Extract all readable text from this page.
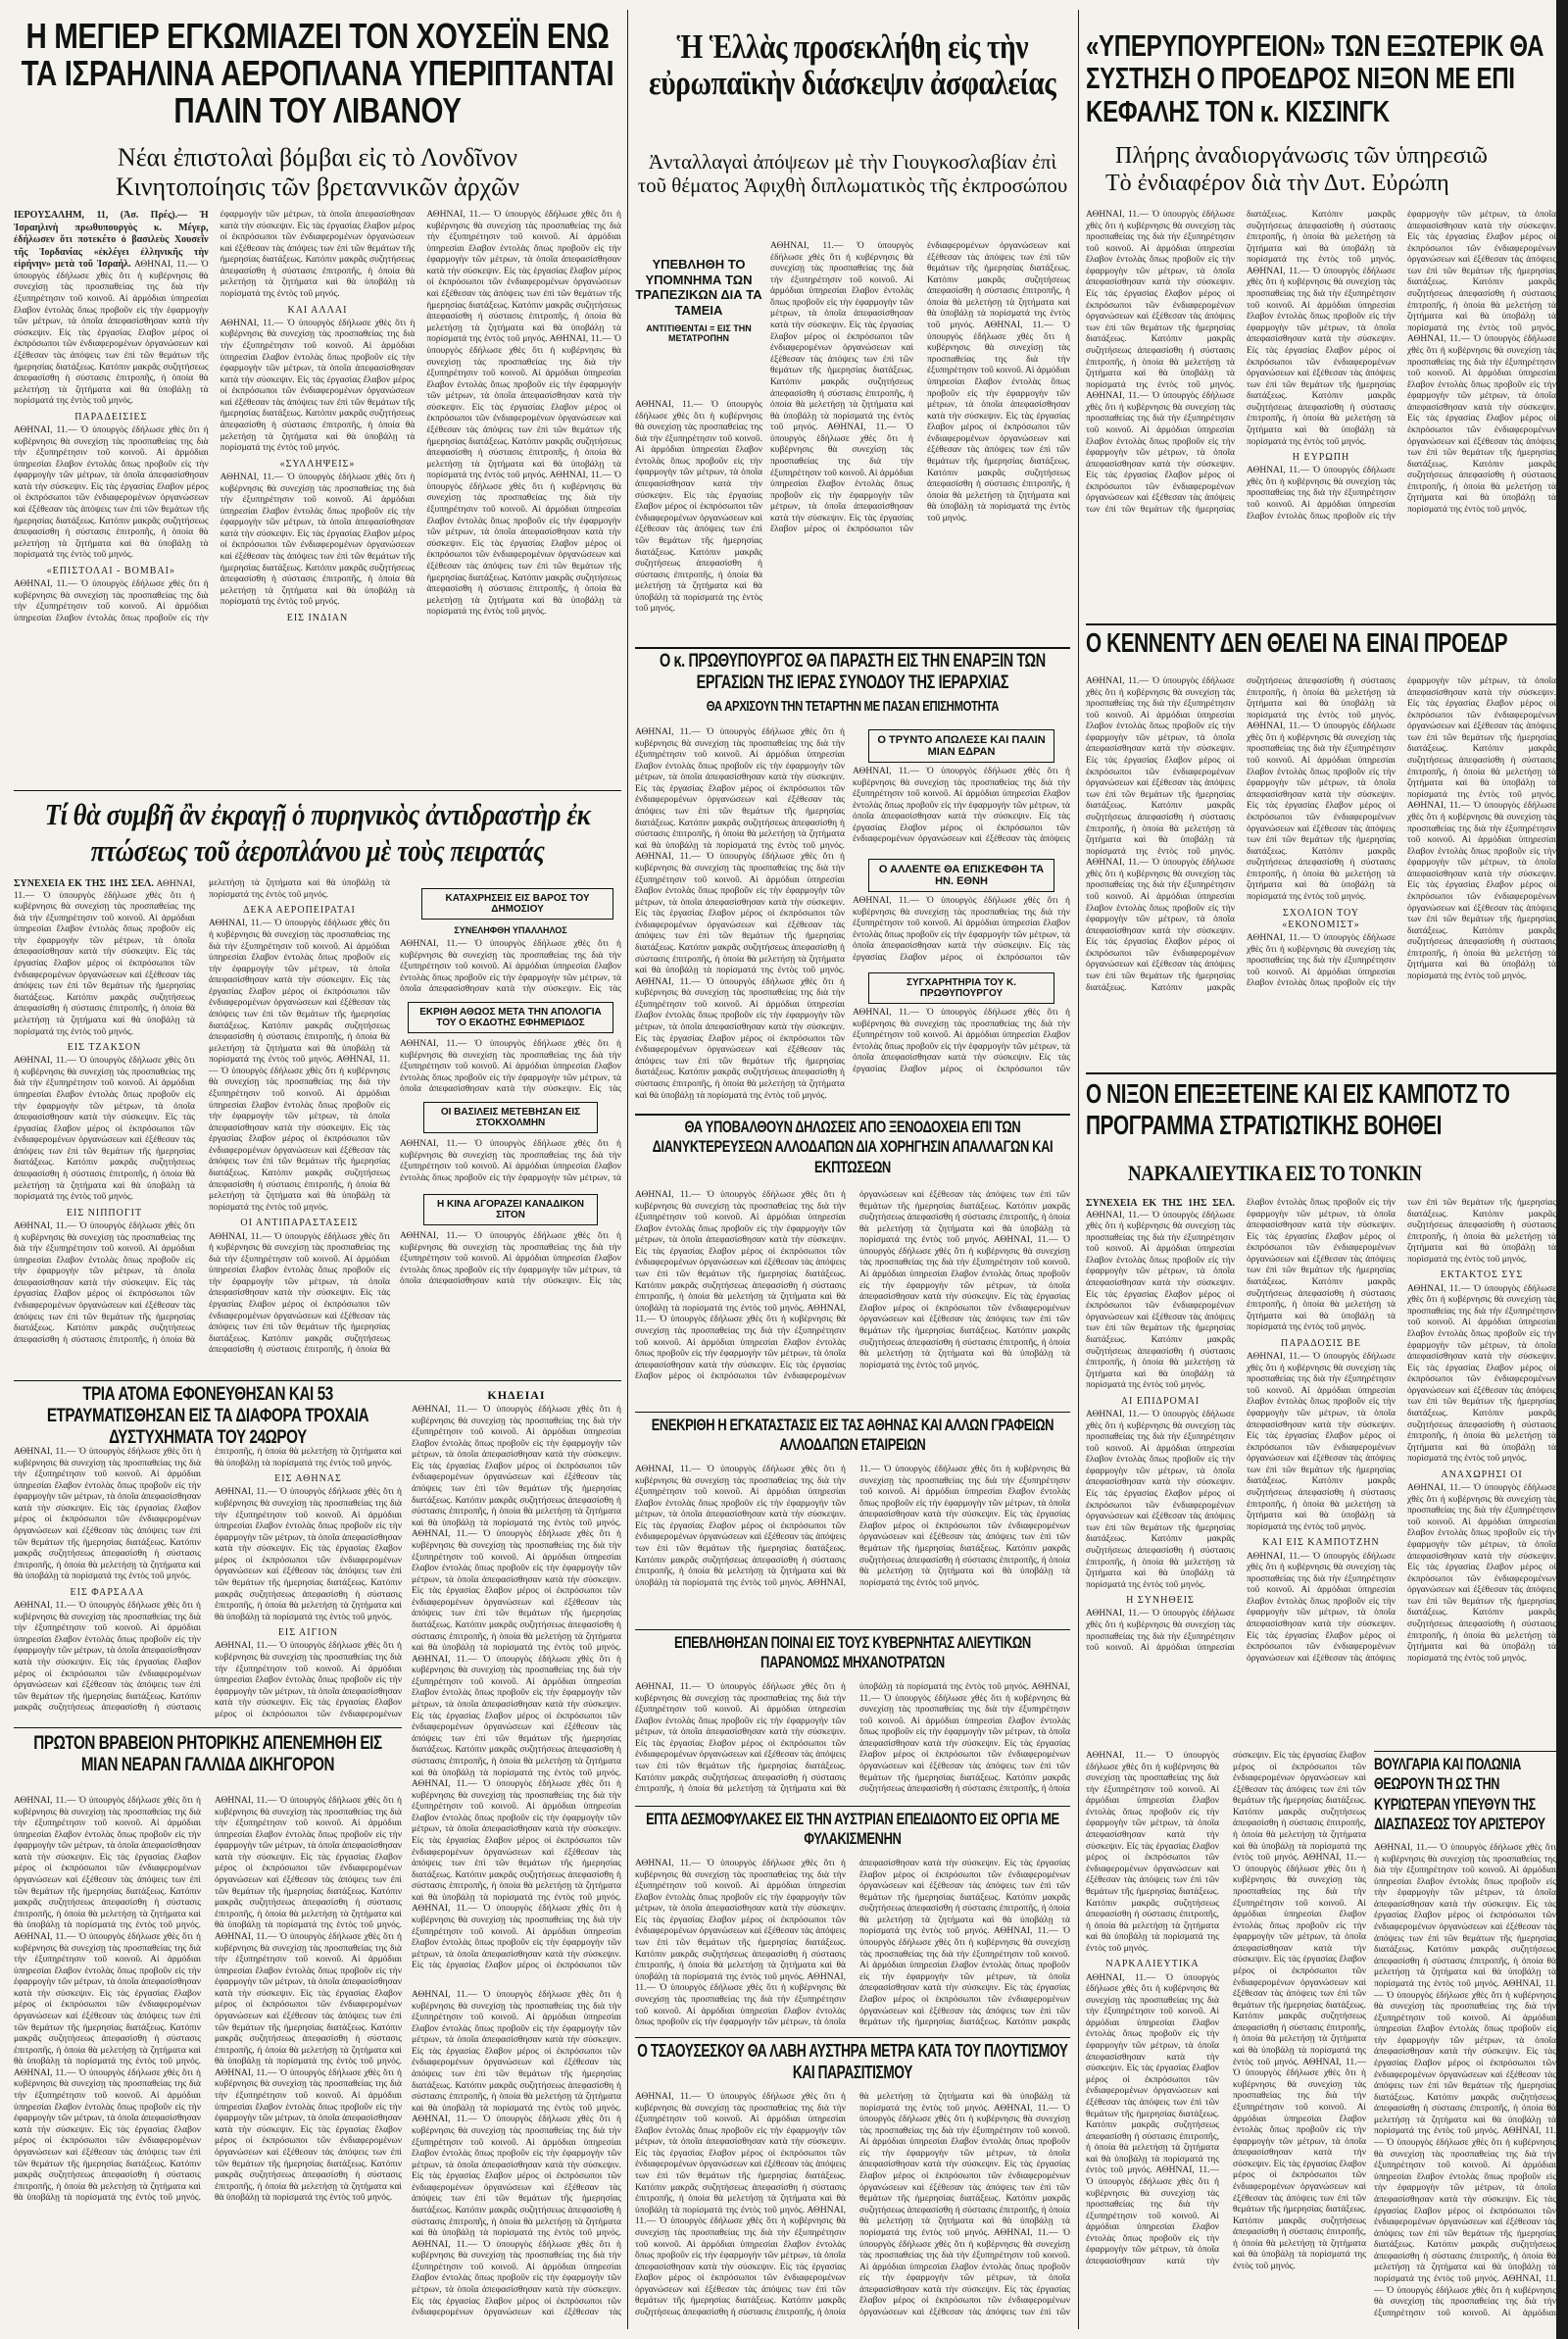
Η ΜΕΓΙΕΡ ΕΓΚΩΜΙΑΖΕΙ ΤΟΝ ΧΟΥΣΕΪΝ ΕΝΩ ΤΑ ΙΣΡΑΗΛΙΝΑ ΑΕΡΟΠΛΑΝΑ ΥΠΕΡΙΠΤΑΝΤΑΙ ΠΑΛΙΝ ΤΟΥ ΛΙΒΑΝΟΥ
Νέαι ἐπιστολαὶ βόμβαι εἰς τὸ Λονδῖνον
Κινητοποίησις τῶν βρεταννικῶν ἀρχῶν
ΙΕΡΟΥΣΑΛΗΜ, 11, (Ἀσ. Πρές).— Ἡ Ἰσραηλινὴ πρωθυπουργὸς κ. Μέγερ, ἐδήλωσεν ὅτι ποτεκέτο ὁ βασιλεὺς Χουσεῒν τῆς Ἰορδανίας «ἐκλέγει ἐλληνικῆς τὴν εἰρήνην» μετὰ τοῦ Ἰσραήλ. ΑΘΗΝΑΙ, 11.— Ὁ ὑπουργὸς ἐδήλωσε χθὲς ὅτι ἡ κυβέρνησις θὰ συνεχίσῃ τὰς προσπαθείας της διὰ τὴν ἐξυπηρέτησιν τοῦ κοινοῦ. Αἱ ἀρμόδιαι ὑπηρεσίαι ἔλαβον ἐντολὰς ὅπως προβοῦν εἰς τὴν ἐφαρμογὴν τῶν μέτρων, τὰ ὁποῖα ἀπεφασίσθησαν κατὰ τὴν σύσκεψιν. Εἰς τὰς ἐργασίας ἔλαβον μέρος οἱ ἐκπρόσωποι τῶν ἐνδιαφερομένων ὀργανώσεων καὶ ἐξέθεσαν τὰς ἀπόψεις των ἐπὶ τῶν θεμάτων τῆς ἡμερησίας διατάξεως. Κατόπιν μακρᾶς συζητήσεως ἀπεφασίσθη ἡ σύστασις ἐπιτροπῆς, ἡ ὁποία θὰ μελετήσῃ τὰ ζητήματα καὶ θὰ ὑποβάλῃ τὰ πορίσματά της ἐντὸς τοῦ μηνός.
ΠΑΡΑΔΕΙΣΙΕΣ
ΑΘΗΝΑΙ, 11.— Ὁ ὑπουργὸς ἐδήλωσε χθὲς ὅτι ἡ κυβέρνησις θὰ συνεχίσῃ τὰς προσπαθείας της διὰ τὴν ἐξυπηρέτησιν τοῦ κοινοῦ. Αἱ ἀρμόδιαι ὑπηρεσίαι ἔλαβον ἐντολὰς ὅπως προβοῦν εἰς τὴν ἐφαρμογὴν τῶν μέτρων, τὰ ὁποῖα ἀπεφασίσθησαν κατὰ τὴν σύσκεψιν. Εἰς τὰς ἐργασίας ἔλαβον μέρος οἱ ἐκπρόσωποι τῶν ἐνδιαφερομένων ὀργανώσεων καὶ ἐξέθεσαν τὰς ἀπόψεις των ἐπὶ τῶν θεμάτων τῆς ἡμερησίας διατάξεως. Κατόπιν μακρᾶς συζητήσεως ἀπεφασίσθη ἡ σύστασις ἐπιτροπῆς, ἡ ὁποία θὰ μελετήσῃ τὰ ζητήματα καὶ θὰ ὑποβάλῃ τὰ πορίσματά της ἐντὸς τοῦ μηνός.
«ΕΠΙΣΤΟΛΑΙ - ΒΟΜΒΑΙ»
ΑΘΗΝΑΙ, 11.— Ὁ ὑπουργὸς ἐδήλωσε χθὲς ὅτι ἡ κυβέρνησις θὰ συνεχίσῃ τὰς προσπαθείας της διὰ τὴν ἐξυπηρέτησιν τοῦ κοινοῦ. Αἱ ἀρμόδιαι ὑπηρεσίαι ἔλαβον ἐντολὰς ὅπως προβοῦν εἰς τὴν ἐφαρμογὴν τῶν μέτρων, τὰ ὁποῖα ἀπεφασίσθησαν κατὰ τὴν σύσκεψιν. Εἰς τὰς ἐργασίας ἔλαβον μέρος οἱ ἐκπρόσωποι τῶν ἐνδιαφερομένων ὀργανώσεων καὶ ἐξέθεσαν τὰς ἀπόψεις των ἐπὶ τῶν θεμάτων τῆς ἡμερησίας διατάξεως. Κατόπιν μακρᾶς συζητήσεως ἀπεφασίσθη ἡ σύστασις ἐπιτροπῆς, ἡ ὁποία θὰ μελετήσῃ τὰ ζητήματα καὶ θὰ ὑποβάλῃ τὰ πορίσματά της ἐντὸς τοῦ μηνός.
ΚΑΙ ΑΛΛΑΙ
ΑΘΗΝΑΙ, 11.— Ὁ ὑπουργὸς ἐδήλωσε χθὲς ὅτι ἡ κυβέρνησις θὰ συνεχίσῃ τὰς προσπαθείας της διὰ τὴν ἐξυπηρέτησιν τοῦ κοινοῦ. Αἱ ἀρμόδιαι ὑπηρεσίαι ἔλαβον ἐντολὰς ὅπως προβοῦν εἰς τὴν ἐφαρμογὴν τῶν μέτρων, τὰ ὁποῖα ἀπεφασίσθησαν κατὰ τὴν σύσκεψιν. Εἰς τὰς ἐργασίας ἔλαβον μέρος οἱ ἐκπρόσωποι τῶν ἐνδιαφερομένων ὀργανώσεων καὶ ἐξέθεσαν τὰς ἀπόψεις των ἐπὶ τῶν θεμάτων τῆς ἡμερησίας διατάξεως. Κατόπιν μακρᾶς συζητήσεως ἀπεφασίσθη ἡ σύστασις ἐπιτροπῆς, ἡ ὁποία θὰ μελετήσῃ τὰ ζητήματα καὶ θὰ ὑποβάλῃ τὰ πορίσματά της ἐντὸς τοῦ μηνός.
«ΣΥΛΛΗΨΕΙΣ»
ΑΘΗΝΑΙ, 11.— Ὁ ὑπουργὸς ἐδήλωσε χθὲς ὅτι ἡ κυβέρνησις θὰ συνεχίσῃ τὰς προσπαθείας της διὰ τὴν ἐξυπηρέτησιν τοῦ κοινοῦ. Αἱ ἀρμόδιαι ὑπηρεσίαι ἔλαβον ἐντολὰς ὅπως προβοῦν εἰς τὴν ἐφαρμογὴν τῶν μέτρων, τὰ ὁποῖα ἀπεφασίσθησαν κατὰ τὴν σύσκεψιν. Εἰς τὰς ἐργασίας ἔλαβον μέρος οἱ ἐκπρόσωποι τῶν ἐνδιαφερομένων ὀργανώσεων καὶ ἐξέθεσαν τὰς ἀπόψεις των ἐπὶ τῶν θεμάτων τῆς ἡμερησίας διατάξεως. Κατόπιν μακρᾶς συζητήσεως ἀπεφασίσθη ἡ σύστασις ἐπιτροπῆς, ἡ ὁποία θὰ μελετήσῃ τὰ ζητήματα καὶ θὰ ὑποβάλῃ τὰ πορίσματά της ἐντὸς τοῦ μηνός.
ΕΙΣ ΙΝΔΙΑΝ
ΑΘΗΝΑΙ, 11.— Ὁ ὑπουργὸς ἐδήλωσε χθὲς ὅτι ἡ κυβέρνησις θὰ συνεχίσῃ τὰς προσπαθείας της διὰ τὴν ἐξυπηρέτησιν τοῦ κοινοῦ. Αἱ ἀρμόδιαι ὑπηρεσίαι ἔλαβον ἐντολὰς ὅπως προβοῦν εἰς τὴν ἐφαρμογὴν τῶν μέτρων, τὰ ὁποῖα ἀπεφασίσθησαν κατὰ τὴν σύσκεψιν. Εἰς τὰς ἐργασίας ἔλαβον μέρος οἱ ἐκπρόσωποι τῶν ἐνδιαφερομένων ὀργανώσεων καὶ ἐξέθεσαν τὰς ἀπόψεις των ἐπὶ τῶν θεμάτων τῆς ἡμερησίας διατάξεως. Κατόπιν μακρᾶς συζητήσεως ἀπεφασίσθη ἡ σύστασις ἐπιτροπῆς, ἡ ὁποία θὰ μελετήσῃ τὰ ζητήματα καὶ θὰ ὑποβάλῃ τὰ πορίσματά της ἐντὸς τοῦ μηνός. ΑΘΗΝΑΙ, 11.— Ὁ ὑπουργὸς ἐδήλωσε χθὲς ὅτι ἡ κυβέρνησις θὰ συνεχίσῃ τὰς προσπαθείας της διὰ τὴν ἐξυπηρέτησιν τοῦ κοινοῦ. Αἱ ἀρμόδιαι ὑπηρεσίαι ἔλαβον ἐντολὰς ὅπως προβοῦν εἰς τὴν ἐφαρμογὴν τῶν μέτρων, τὰ ὁποῖα ἀπεφασίσθησαν κατὰ τὴν σύσκεψιν. Εἰς τὰς ἐργασίας ἔλαβον μέρος οἱ ἐκπρόσωποι τῶν ἐνδιαφερομένων ὀργανώσεων καὶ ἐξέθεσαν τὰς ἀπόψεις των ἐπὶ τῶν θεμάτων τῆς ἡμερησίας διατάξεως. Κατόπιν μακρᾶς συζητήσεως ἀπεφασίσθη ἡ σύστασις ἐπιτροπῆς, ἡ ὁποία θὰ μελετήσῃ τὰ ζητήματα καὶ θὰ ὑποβάλῃ τὰ πορίσματά της ἐντὸς τοῦ μηνός. ΑΘΗΝΑΙ, 11.— Ὁ ὑπουργὸς ἐδήλωσε χθὲς ὅτι ἡ κυβέρνησις θὰ συνεχίσῃ τὰς προσπαθείας της διὰ τὴν ἐξυπηρέτησιν τοῦ κοινοῦ. Αἱ ἀρμόδιαι ὑπηρεσίαι ἔλαβον ἐντολὰς ὅπως προβοῦν εἰς τὴν ἐφαρμογὴν τῶν μέτρων, τὰ ὁποῖα ἀπεφασίσθησαν κατὰ τὴν σύσκεψιν. Εἰς τὰς ἐργασίας ἔλαβον μέρος οἱ ἐκπρόσωποι τῶν ἐνδιαφερομένων ὀργανώσεων καὶ ἐξέθεσαν τὰς ἀπόψεις των ἐπὶ τῶν θεμάτων τῆς ἡμερησίας διατάξεως. Κατόπιν μακρᾶς συζητήσεως ἀπεφασίσθη ἡ σύστασις ἐπιτροπῆς, ἡ ὁποία θὰ μελετήσῃ τὰ ζητήματα καὶ θὰ ὑποβάλῃ τὰ πορίσματά της ἐντὸς τοῦ μηνός.
Τί θὰ συμβῆ ἂν ἐκραγῇ ὁ πυρηνικὸς ἀντιδραστὴρ ἐκ πτώσεως τοῦ ἀεροπλάνου μὲ τοὺς πειρατάς
ΣΥΝΕΧΕΙΑ ΕΚ ΤΗΣ 1ΗΣ ΣΕΛ. ΑΘΗΝΑΙ, 11.— Ὁ ὑπουργὸς ἐδήλωσε χθὲς ὅτι ἡ κυβέρνησις θὰ συνεχίσῃ τὰς προσπαθείας της διὰ τὴν ἐξυπηρέτησιν τοῦ κοινοῦ. Αἱ ἀρμόδιαι ὑπηρεσίαι ἔλαβον ἐντολὰς ὅπως προβοῦν εἰς τὴν ἐφαρμογὴν τῶν μέτρων, τὰ ὁποῖα ἀπεφασίσθησαν κατὰ τὴν σύσκεψιν. Εἰς τὰς ἐργασίας ἔλαβον μέρος οἱ ἐκπρόσωποι τῶν ἐνδιαφερομένων ὀργανώσεων καὶ ἐξέθεσαν τὰς ἀπόψεις των ἐπὶ τῶν θεμάτων τῆς ἡμερησίας διατάξεως. Κατόπιν μακρᾶς συζητήσεως ἀπεφασίσθη ἡ σύστασις ἐπιτροπῆς, ἡ ὁποία θὰ μελετήσῃ τὰ ζητήματα καὶ θὰ ὑποβάλῃ τὰ πορίσματά της ἐντὸς τοῦ μηνός.
ΕΙΣ ΤΖΑΚΣΟΝ
ΑΘΗΝΑΙ, 11.— Ὁ ὑπουργὸς ἐδήλωσε χθὲς ὅτι ἡ κυβέρνησις θὰ συνεχίσῃ τὰς προσπαθείας της διὰ τὴν ἐξυπηρέτησιν τοῦ κοινοῦ. Αἱ ἀρμόδιαι ὑπηρεσίαι ἔλαβον ἐντολὰς ὅπως προβοῦν εἰς τὴν ἐφαρμογὴν τῶν μέτρων, τὰ ὁποῖα ἀπεφασίσθησαν κατὰ τὴν σύσκεψιν. Εἰς τὰς ἐργασίας ἔλαβον μέρος οἱ ἐκπρόσωποι τῶν ἐνδιαφερομένων ὀργανώσεων καὶ ἐξέθεσαν τὰς ἀπόψεις των ἐπὶ τῶν θεμάτων τῆς ἡμερησίας διατάξεως. Κατόπιν μακρᾶς συζητήσεως ἀπεφασίσθη ἡ σύστασις ἐπιτροπῆς, ἡ ὁποία θὰ μελετήσῃ τὰ ζητήματα καὶ θὰ ὑποβάλῃ τὰ πορίσματά της ἐντὸς τοῦ μηνός.
ΕΙΣ ΝΙΠΠΟΓΙΤ
ΑΘΗΝΑΙ, 11.— Ὁ ὑπουργὸς ἐδήλωσε χθὲς ὅτι ἡ κυβέρνησις θὰ συνεχίσῃ τὰς προσπαθείας της διὰ τὴν ἐξυπηρέτησιν τοῦ κοινοῦ. Αἱ ἀρμόδιαι ὑπηρεσίαι ἔλαβον ἐντολὰς ὅπως προβοῦν εἰς τὴν ἐφαρμογὴν τῶν μέτρων, τὰ ὁποῖα ἀπεφασίσθησαν κατὰ τὴν σύσκεψιν. Εἰς τὰς ἐργασίας ἔλαβον μέρος οἱ ἐκπρόσωποι τῶν ἐνδιαφερομένων ὀργανώσεων καὶ ἐξέθεσαν τὰς ἀπόψεις των ἐπὶ τῶν θεμάτων τῆς ἡμερησίας διατάξεως. Κατόπιν μακρᾶς συζητήσεως ἀπεφασίσθη ἡ σύστασις ἐπιτροπῆς, ἡ ὁποία θὰ μελετήσῃ τὰ ζητήματα καὶ θὰ ὑποβάλῃ τὰ πορίσματά της ἐντὸς τοῦ μηνός.
ΔΕΚΑ ΑΕΡΟΠΕΙΡΑΤΑΙ
ΑΘΗΝΑΙ, 11.— Ὁ ὑπουργὸς ἐδήλωσε χθὲς ὅτι ἡ κυβέρνησις θὰ συνεχίσῃ τὰς προσπαθείας της διὰ τὴν ἐξυπηρέτησιν τοῦ κοινοῦ. Αἱ ἀρμόδιαι ὑπηρεσίαι ἔλαβον ἐντολὰς ὅπως προβοῦν εἰς τὴν ἐφαρμογὴν τῶν μέτρων, τὰ ὁποῖα ἀπεφασίσθησαν κατὰ τὴν σύσκεψιν. Εἰς τὰς ἐργασίας ἔλαβον μέρος οἱ ἐκπρόσωποι τῶν ἐνδιαφερομένων ὀργανώσεων καὶ ἐξέθεσαν τὰς ἀπόψεις των ἐπὶ τῶν θεμάτων τῆς ἡμερησίας διατάξεως. Κατόπιν μακρᾶς συζητήσεως ἀπεφασίσθη ἡ σύστασις ἐπιτροπῆς, ἡ ὁποία θὰ μελετήσῃ τὰ ζητήματα καὶ θὰ ὑποβάλῃ τὰ πορίσματά της ἐντὸς τοῦ μηνός. ΑΘΗΝΑΙ, 11.— Ὁ ὑπουργὸς ἐδήλωσε χθὲς ὅτι ἡ κυβέρνησις θὰ συνεχίσῃ τὰς προσπαθείας της διὰ τὴν ἐξυπηρέτησιν τοῦ κοινοῦ. Αἱ ἀρμόδιαι ὑπηρεσίαι ἔλαβον ἐντολὰς ὅπως προβοῦν εἰς τὴν ἐφαρμογὴν τῶν μέτρων, τὰ ὁποῖα ἀπεφασίσθησαν κατὰ τὴν σύσκεψιν. Εἰς τὰς ἐργασίας ἔλαβον μέρος οἱ ἐκπρόσωποι τῶν ἐνδιαφερομένων ὀργανώσεων καὶ ἐξέθεσαν τὰς ἀπόψεις των ἐπὶ τῶν θεμάτων τῆς ἡμερησίας διατάξεως. Κατόπιν μακρᾶς συζητήσεως ἀπεφασίσθη ἡ σύστασις ἐπιτροπῆς, ἡ ὁποία θὰ μελετήσῃ τὰ ζητήματα καὶ θὰ ὑποβάλῃ τὰ πορίσματά της ἐντὸς τοῦ μηνός.
ΟΙ ΑΝΤΙΠΑΡΑΣΤΑΣΕΙΣ
ΑΘΗΝΑΙ, 11.— Ὁ ὑπουργὸς ἐδήλωσε χθὲς ὅτι ἡ κυβέρνησις θὰ συνεχίσῃ τὰς προσπαθείας της διὰ τὴν ἐξυπηρέτησιν τοῦ κοινοῦ. Αἱ ἀρμόδιαι ὑπηρεσίαι ἔλαβον ἐντολὰς ὅπως προβοῦν εἰς τὴν ἐφαρμογὴν τῶν μέτρων, τὰ ὁποῖα ἀπεφασίσθησαν κατὰ τὴν σύσκεψιν. Εἰς τὰς ἐργασίας ἔλαβον μέρος οἱ ἐκπρόσωποι τῶν ἐνδιαφερομένων ὀργανώσεων καὶ ἐξέθεσαν τὰς ἀπόψεις των ἐπὶ τῶν θεμάτων τῆς ἡμερησίας διατάξεως. Κατόπιν μακρᾶς συζητήσεως ἀπεφασίσθη ἡ σύστασις ἐπιτροπῆς, ἡ ὁποία θὰ
ΚΑΤΑΧΡΗΣΕΙΣ ΕΙΣ ΒΑΡΟΣ ΤΟΥ ΔΗΜΟΣΙΟΥ
ΣΥΝΕΛΗΦΘΗ ΥΠΑΛΛΗΛΟΣ
ΑΘΗΝΑΙ, 11.— Ὁ ὑπουργὸς ἐδήλωσε χθὲς ὅτι ἡ κυβέρνησις θὰ συνεχίσῃ τὰς προσπαθείας της διὰ τὴν ἐξυπηρέτησιν τοῦ κοινοῦ. Αἱ ἀρμόδιαι ὑπηρεσίαι ἔλαβον ἐντολὰς ὅπως προβοῦν εἰς τὴν ἐφαρμογὴν τῶν μέτρων, τὰ ὁποῖα ἀπεφασίσθησαν κατὰ τὴν σύσκεψιν. Εἰς τὰς
ΕΚΡΙΘΗ ΑΘΩΟΣ ΜΕΤΑ ΤΗΝ ΑΠΟΛΟΓΙΑ ΤΟΥ Ο ΕΚΔΟΤΗΣ ΕΦΗΜΕΡΙΔΟΣ
ΑΘΗΝΑΙ, 11.— Ὁ ὑπουργὸς ἐδήλωσε χθὲς ὅτι ἡ κυβέρνησις θὰ συνεχίσῃ τὰς προσπαθείας της διὰ τὴν ἐξυπηρέτησιν τοῦ κοινοῦ. Αἱ ἀρμόδιαι ὑπηρεσίαι ἔλαβον ἐντολὰς ὅπως προβοῦν εἰς τὴν ἐφαρμογὴν τῶν μέτρων, τὰ ὁποῖα ἀπεφασίσθησαν κατὰ τὴν σύσκεψιν. Εἰς τὰς
ΟΙ ΒΑΣΙΛΕΙΣ ΜΕΤΕΒΗΣΑΝ ΕΙΣ ΣΤΟΚΧΟΛΜΗΝ
ΑΘΗΝΑΙ, 11.— Ὁ ὑπουργὸς ἐδήλωσε χθὲς ὅτι ἡ κυβέρνησις θὰ συνεχίσῃ τὰς προσπαθείας της διὰ τὴν ἐξυπηρέτησιν τοῦ κοινοῦ. Αἱ ἀρμόδιαι ὑπηρεσίαι ἔλαβον ἐντολὰς ὅπως προβοῦν εἰς τὴν ἐφαρμογὴν τῶν μέτρων, τὰ
Η ΚΙΝΑ ΑΓΟΡΑΖΕΙ ΚΑΝΑΔΙΚΟΝ ΣΙΤΟΝ
ΑΘΗΝΑΙ, 11.— Ὁ ὑπουργὸς ἐδήλωσε χθὲς ὅτι ἡ κυβέρνησις θὰ συνεχίσῃ τὰς προσπαθείας της διὰ τὴν ἐξυπηρέτησιν τοῦ κοινοῦ. Αἱ ἀρμόδιαι ὑπηρεσίαι ἔλαβον ἐντολὰς ὅπως προβοῦν εἰς τὴν ἐφαρμογὴν τῶν μέτρων, τὰ ὁποῖα ἀπεφασίσθησαν κατὰ τὴν σύσκεψιν. Εἰς τὰς
ΤΡΙΑ ΑΤΟΜΑ ΕΦΟΝΕΥΘΗΣΑΝ ΚΑΙ 53 ΕΤΡΑΥΜΑΤΙΣΘΗΣΑΝ ΕΙΣ ΤΑ ΔΙΑΦΟΡΑ ΤΡΟΧΑΙΑ ΔΥΣΤΥΧΗΜΑΤΑ ΤΟΥ 24ΩΡΟΥ
ΑΘΗΝΑΙ, 11.— Ὁ ὑπουργὸς ἐδήλωσε χθὲς ὅτι ἡ κυβέρνησις θὰ συνεχίσῃ τὰς προσπαθείας της διὰ τὴν ἐξυπηρέτησιν τοῦ κοινοῦ. Αἱ ἀρμόδιαι ὑπηρεσίαι ἔλαβον ἐντολὰς ὅπως προβοῦν εἰς τὴν ἐφαρμογὴν τῶν μέτρων, τὰ ὁποῖα ἀπεφασίσθησαν κατὰ τὴν σύσκεψιν. Εἰς τὰς ἐργασίας ἔλαβον μέρος οἱ ἐκπρόσωποι τῶν ἐνδιαφερομένων ὀργανώσεων καὶ ἐξέθεσαν τὰς ἀπόψεις των ἐπὶ τῶν θεμάτων τῆς ἡμερησίας διατάξεως. Κατόπιν μακρᾶς συζητήσεως ἀπεφασίσθη ἡ σύστασις ἐπιτροπῆς, ἡ ὁποία θὰ μελετήσῃ τὰ ζητήματα καὶ θὰ ὑποβάλῃ τὰ πορίσματά της ἐντὸς τοῦ μηνός.
ΕΙΣ ΦΑΡΣΑΛΑ
ΑΘΗΝΑΙ, 11.— Ὁ ὑπουργὸς ἐδήλωσε χθὲς ὅτι ἡ κυβέρνησις θὰ συνεχίσῃ τὰς προσπαθείας της διὰ τὴν ἐξυπηρέτησιν τοῦ κοινοῦ. Αἱ ἀρμόδιαι ὑπηρεσίαι ἔλαβον ἐντολὰς ὅπως προβοῦν εἰς τὴν ἐφαρμογὴν τῶν μέτρων, τὰ ὁποῖα ἀπεφασίσθησαν κατὰ τὴν σύσκεψιν. Εἰς τὰς ἐργασίας ἔλαβον μέρος οἱ ἐκπρόσωποι τῶν ἐνδιαφερομένων ὀργανώσεων καὶ ἐξέθεσαν τὰς ἀπόψεις των ἐπὶ τῶν θεμάτων τῆς ἡμερησίας διατάξεως. Κατόπιν μακρᾶς συζητήσεως ἀπεφασίσθη ἡ σύστασις ἐπιτροπῆς, ἡ ὁποία θὰ μελετήσῃ τὰ ζητήματα καὶ θὰ ὑποβάλῃ τὰ πορίσματά της ἐντὸς τοῦ μηνός.
ΕΙΣ ΑΘΗΝΑΣ
ΑΘΗΝΑΙ, 11.— Ὁ ὑπουργὸς ἐδήλωσε χθὲς ὅτι ἡ κυβέρνησις θὰ συνεχίσῃ τὰς προσπαθείας της διὰ τὴν ἐξυπηρέτησιν τοῦ κοινοῦ. Αἱ ἀρμόδιαι ὑπηρεσίαι ἔλαβον ἐντολὰς ὅπως προβοῦν εἰς τὴν ἐφαρμογὴν τῶν μέτρων, τὰ ὁποῖα ἀπεφασίσθησαν κατὰ τὴν σύσκεψιν. Εἰς τὰς ἐργασίας ἔλαβον μέρος οἱ ἐκπρόσωποι τῶν ἐνδιαφερομένων ὀργανώσεων καὶ ἐξέθεσαν τὰς ἀπόψεις των ἐπὶ τῶν θεμάτων τῆς ἡμερησίας διατάξεως. Κατόπιν μακρᾶς συζητήσεως ἀπεφασίσθη ἡ σύστασις ἐπιτροπῆς, ἡ ὁποία θὰ μελετήσῃ τὰ ζητήματα καὶ θὰ ὑποβάλῃ τὰ πορίσματά της ἐντὸς τοῦ μηνός.
ΕΙΣ ΑΙΓΙΟΝ
ΑΘΗΝΑΙ, 11.— Ὁ ὑπουργὸς ἐδήλωσε χθὲς ὅτι ἡ κυβέρνησις θὰ συνεχίσῃ τὰς προσπαθείας της διὰ τὴν ἐξυπηρέτησιν τοῦ κοινοῦ. Αἱ ἀρμόδιαι ὑπηρεσίαι ἔλαβον ἐντολὰς ὅπως προβοῦν εἰς τὴν ἐφαρμογὴν τῶν μέτρων, τὰ ὁποῖα ἀπεφασίσθησαν κατὰ τὴν σύσκεψιν. Εἰς τὰς ἐργασίας ἔλαβον μέρος οἱ ἐκπρόσωποι τῶν ἐνδιαφερομένων
ΚΗΔΕΙΑΙ
ΑΘΗΝΑΙ, 11.— Ὁ ὑπουργὸς ἐδήλωσε χθὲς ὅτι ἡ κυβέρνησις θὰ συνεχίσῃ τὰς προσπαθείας της διὰ τὴν ἐξυπηρέτησιν τοῦ κοινοῦ. Αἱ ἀρμόδιαι ὑπηρεσίαι ἔλαβον ἐντολὰς ὅπως προβοῦν εἰς τὴν ἐφαρμογὴν τῶν μέτρων, τὰ ὁποῖα ἀπεφασίσθησαν κατὰ τὴν σύσκεψιν. Εἰς τὰς ἐργασίας ἔλαβον μέρος οἱ ἐκπρόσωποι τῶν ἐνδιαφερομένων ὀργανώσεων καὶ ἐξέθεσαν τὰς ἀπόψεις των ἐπὶ τῶν θεμάτων τῆς ἡμερησίας διατάξεως. Κατόπιν μακρᾶς συζητήσεως ἀπεφασίσθη ἡ σύστασις ἐπιτροπῆς, ἡ ὁποία θὰ μελετήσῃ τὰ ζητήματα καὶ θὰ ὑποβάλῃ τὰ πορίσματά της ἐντὸς τοῦ μηνός. ΑΘΗΝΑΙ, 11.— Ὁ ὑπουργὸς ἐδήλωσε χθὲς ὅτι ἡ κυβέρνησις θὰ συνεχίσῃ τὰς προσπαθείας της διὰ τὴν ἐξυπηρέτησιν τοῦ κοινοῦ. Αἱ ἀρμόδιαι ὑπηρεσίαι ἔλαβον ἐντολὰς ὅπως προβοῦν εἰς τὴν ἐφαρμογὴν τῶν μέτρων, τὰ ὁποῖα ἀπεφασίσθησαν κατὰ τὴν σύσκεψιν. Εἰς τὰς ἐργασίας ἔλαβον μέρος οἱ ἐκπρόσωποι τῶν ἐνδιαφερομένων ὀργανώσεων καὶ ἐξέθεσαν τὰς ἀπόψεις των ἐπὶ τῶν θεμάτων τῆς ἡμερησίας διατάξεως. Κατόπιν μακρᾶς συζητήσεως ἀπεφασίσθη ἡ σύστασις ἐπιτροπῆς, ἡ ὁποία θὰ μελετήσῃ τὰ ζητήματα καὶ θὰ ὑποβάλῃ τὰ πορίσματά της ἐντὸς τοῦ μηνός. ΑΘΗΝΑΙ, 11.— Ὁ ὑπουργὸς ἐδήλωσε χθὲς ὅτι ἡ κυβέρνησις θὰ συνεχίσῃ τὰς προσπαθείας της διὰ τὴν ἐξυπηρέτησιν τοῦ κοινοῦ. Αἱ ἀρμόδιαι ὑπηρεσίαι ἔλαβον ἐντολὰς ὅπως προβοῦν εἰς τὴν ἐφαρμογὴν τῶν μέτρων, τὰ ὁποῖα ἀπεφασίσθησαν κατὰ τὴν σύσκεψιν. Εἰς τὰς ἐργασίας ἔλαβον μέρος οἱ ἐκπρόσωποι τῶν ἐνδιαφερομένων ὀργανώσεων καὶ ἐξέθεσαν τὰς ἀπόψεις των ἐπὶ τῶν θεμάτων τῆς ἡμερησίας διατάξεως. Κατόπιν μακρᾶς συζητήσεως ἀπεφασίσθη ἡ σύστασις ἐπιτροπῆς, ἡ ὁποία θὰ μελετήσῃ τὰ ζητήματα καὶ θὰ ὑποβάλῃ τὰ πορίσματά της ἐντὸς τοῦ μηνός. ΑΘΗΝΑΙ, 11.— Ὁ ὑπουργὸς ἐδήλωσε χθὲς ὅτι ἡ κυβέρνησις θὰ συνεχίσῃ τὰς προσπαθείας της διὰ τὴν ἐξυπηρέτησιν τοῦ κοινοῦ. Αἱ ἀρμόδιαι ὑπηρεσίαι ἔλαβον ἐντολὰς ὅπως προβοῦν εἰς τὴν ἐφαρμογὴν τῶν μέτρων, τὰ ὁποῖα ἀπεφασίσθησαν κατὰ τὴν σύσκεψιν. Εἰς τὰς ἐργασίας ἔλαβον μέρος οἱ ἐκπρόσωποι τῶν ἐνδιαφερομένων ὀργανώσεων καὶ ἐξέθεσαν τὰς ἀπόψεις των ἐπὶ τῶν θεμάτων τῆς ἡμερησίας διατάξεως. Κατόπιν μακρᾶς συζητήσεως ἀπεφασίσθη ἡ σύστασις ἐπιτροπῆς, ἡ ὁποία θὰ μελετήσῃ τὰ ζητήματα καὶ θὰ ὑποβάλῃ τὰ πορίσματά της ἐντὸς τοῦ μηνός. ΑΘΗΝΑΙ, 11.— Ὁ ὑπουργὸς ἐδήλωσε χθὲς ὅτι ἡ κυβέρνησις θὰ συνεχίσῃ τὰς προσπαθείας της διὰ τὴν ἐξυπηρέτησιν τοῦ κοινοῦ. Αἱ ἀρμόδιαι ὑπηρεσίαι ἔλαβον ἐντολὰς ὅπως προβοῦν εἰς τὴν ἐφαρμογὴν τῶν μέτρων, τὰ ὁποῖα ἀπεφασίσθησαν κατὰ τὴν σύσκεψιν. Εἰς τὰς ἐργασίας ἔλαβον μέρος οἱ ἐκπρόσωποι τῶν
ΠΡΩΤΟΝ ΒΡΑΒΕΙΟΝ ΡΗΤΟΡΙΚΗΣ ΑΠΕΝΕΜΗΘΗ ΕΙΣ ΜΙΑΝ ΝΕΑΡΑΝ ΓΑΛΛΙΔΑ ΔΙΚΗΓΟΡΟΝ
ΑΘΗΝΑΙ, 11.— Ὁ ὑπουργὸς ἐδήλωσε χθὲς ὅτι ἡ κυβέρνησις θὰ συνεχίσῃ τὰς προσπαθείας της διὰ τὴν ἐξυπηρέτησιν τοῦ κοινοῦ. Αἱ ἀρμόδιαι ὑπηρεσίαι ἔλαβον ἐντολὰς ὅπως προβοῦν εἰς τὴν ἐφαρμογὴν τῶν μέτρων, τὰ ὁποῖα ἀπεφασίσθησαν κατὰ τὴν σύσκεψιν. Εἰς τὰς ἐργασίας ἔλαβον μέρος οἱ ἐκπρόσωποι τῶν ἐνδιαφερομένων ὀργανώσεων καὶ ἐξέθεσαν τὰς ἀπόψεις των ἐπὶ τῶν θεμάτων τῆς ἡμερησίας διατάξεως. Κατόπιν μακρᾶς συζητήσεως ἀπεφασίσθη ἡ σύστασις ἐπιτροπῆς, ἡ ὁποία θὰ μελετήσῃ τὰ ζητήματα καὶ θὰ ὑποβάλῃ τὰ πορίσματά της ἐντὸς τοῦ μηνός. ΑΘΗΝΑΙ, 11.— Ὁ ὑπουργὸς ἐδήλωσε χθὲς ὅτι ἡ κυβέρνησις θὰ συνεχίσῃ τὰς προσπαθείας της διὰ τὴν ἐξυπηρέτησιν τοῦ κοινοῦ. Αἱ ἀρμόδιαι ὑπηρεσίαι ἔλαβον ἐντολὰς ὅπως προβοῦν εἰς τὴν ἐφαρμογὴν τῶν μέτρων, τὰ ὁποῖα ἀπεφασίσθησαν κατὰ τὴν σύσκεψιν. Εἰς τὰς ἐργασίας ἔλαβον μέρος οἱ ἐκπρόσωποι τῶν ἐνδιαφερομένων ὀργανώσεων καὶ ἐξέθεσαν τὰς ἀπόψεις των ἐπὶ τῶν θεμάτων τῆς ἡμερησίας διατάξεως. Κατόπιν μακρᾶς συζητήσεως ἀπεφασίσθη ἡ σύστασις ἐπιτροπῆς, ἡ ὁποία θὰ μελετήσῃ τὰ ζητήματα καὶ θὰ ὑποβάλῃ τὰ πορίσματά της ἐντὸς τοῦ μηνός. ΑΘΗΝΑΙ, 11.— Ὁ ὑπουργὸς ἐδήλωσε χθὲς ὅτι ἡ κυβέρνησις θὰ συνεχίσῃ τὰς προσπαθείας της διὰ τὴν ἐξυπηρέτησιν τοῦ κοινοῦ. Αἱ ἀρμόδιαι ὑπηρεσίαι ἔλαβον ἐντολὰς ὅπως προβοῦν εἰς τὴν ἐφαρμογὴν τῶν μέτρων, τὰ ὁποῖα ἀπεφασίσθησαν κατὰ τὴν σύσκεψιν. Εἰς τὰς ἐργασίας ἔλαβον μέρος οἱ ἐκπρόσωποι τῶν ἐνδιαφερομένων ὀργανώσεων καὶ ἐξέθεσαν τὰς ἀπόψεις των ἐπὶ τῶν θεμάτων τῆς ἡμερησίας διατάξεως. Κατόπιν μακρᾶς συζητήσεως ἀπεφασίσθη ἡ σύστασις ἐπιτροπῆς, ἡ ὁποία θὰ μελετήσῃ τὰ ζητήματα καὶ θὰ ὑποβάλῃ τὰ πορίσματά της ἐντὸς τοῦ μηνός. ΑΘΗΝΑΙ, 11.— Ὁ ὑπουργὸς ἐδήλωσε χθὲς ὅτι ἡ κυβέρνησις θὰ συνεχίσῃ τὰς προσπαθείας της διὰ τὴν ἐξυπηρέτησιν τοῦ κοινοῦ. Αἱ ἀρμόδιαι ὑπηρεσίαι ἔλαβον ἐντολὰς ὅπως προβοῦν εἰς τὴν ἐφαρμογὴν τῶν μέτρων, τὰ ὁποῖα ἀπεφασίσθησαν κατὰ τὴν σύσκεψιν. Εἰς τὰς ἐργασίας ἔλαβον μέρος οἱ ἐκπρόσωποι τῶν ἐνδιαφερομένων ὀργανώσεων καὶ ἐξέθεσαν τὰς ἀπόψεις των ἐπὶ τῶν θεμάτων τῆς ἡμερησίας διατάξεως. Κατόπιν μακρᾶς συζητήσεως ἀπεφασίσθη ἡ σύστασις ἐπιτροπῆς, ἡ ὁποία θὰ μελετήσῃ τὰ ζητήματα καὶ θὰ ὑποβάλῃ τὰ πορίσματά της ἐντὸς τοῦ μηνός. ΑΘΗΝΑΙ, 11.— Ὁ ὑπουργὸς ἐδήλωσε χθὲς ὅτι ἡ κυβέρνησις θὰ συνεχίσῃ τὰς προσπαθείας της διὰ τὴν ἐξυπηρέτησιν τοῦ κοινοῦ. Αἱ ἀρμόδιαι ὑπηρεσίαι ἔλαβον ἐντολὰς ὅπως προβοῦν εἰς τὴν ἐφαρμογὴν τῶν μέτρων, τὰ ὁποῖα ἀπεφασίσθησαν κατὰ τὴν σύσκεψιν. Εἰς τὰς ἐργασίας ἔλαβον μέρος οἱ ἐκπρόσωποι τῶν ἐνδιαφερομένων ὀργανώσεων καὶ ἐξέθεσαν τὰς ἀπόψεις των ἐπὶ τῶν θεμάτων τῆς ἡμερησίας διατάξεως. Κατόπιν μακρᾶς συζητήσεως ἀπεφασίσθη ἡ σύστασις ἐπιτροπῆς, ἡ ὁποία θὰ μελετήσῃ τὰ ζητήματα καὶ θὰ ὑποβάλῃ τὰ πορίσματά της ἐντὸς τοῦ μηνός. ΑΘΗΝΑΙ, 11.— Ὁ ὑπουργὸς ἐδήλωσε χθὲς ὅτι ἡ κυβέρνησις θὰ συνεχίσῃ τὰς προσπαθείας της διὰ τὴν ἐξυπηρέτησιν τοῦ κοινοῦ. Αἱ ἀρμόδιαι ὑπηρεσίαι ἔλαβον ἐντολὰς ὅπως προβοῦν εἰς τὴν ἐφαρμογὴν τῶν μέτρων, τὰ ὁποῖα ἀπεφασίσθησαν κατὰ τὴν σύσκεψιν. Εἰς τὰς ἐργασίας ἔλαβον μέρος οἱ ἐκπρόσωποι τῶν ἐνδιαφερομένων ὀργανώσεων καὶ ἐξέθεσαν τὰς ἀπόψεις των ἐπὶ τῶν θεμάτων τῆς ἡμερησίας διατάξεως. Κατόπιν μακρᾶς συζητήσεως ἀπεφασίσθη ἡ σύστασις ἐπιτροπῆς, ἡ ὁποία θὰ μελετήσῃ τὰ ζητήματα καὶ θὰ ὑποβάλῃ τὰ πορίσματά της ἐντὸς τοῦ μηνός.
ΑΘΗΝΑΙ, 11.— Ὁ ὑπουργὸς ἐδήλωσε χθὲς ὅτι ἡ κυβέρνησις θὰ συνεχίσῃ τὰς προσπαθείας της διὰ τὴν ἐξυπηρέτησιν τοῦ κοινοῦ. Αἱ ἀρμόδιαι ὑπηρεσίαι ἔλαβον ἐντολὰς ὅπως προβοῦν εἰς τὴν ἐφαρμογὴν τῶν μέτρων, τὰ ὁποῖα ἀπεφασίσθησαν κατὰ τὴν σύσκεψιν. Εἰς τὰς ἐργασίας ἔλαβον μέρος οἱ ἐκπρόσωποι τῶν ἐνδιαφερομένων ὀργανώσεων καὶ ἐξέθεσαν τὰς ἀπόψεις των ἐπὶ τῶν θεμάτων τῆς ἡμερησίας διατάξεως. Κατόπιν μακρᾶς συζητήσεως ἀπεφασίσθη ἡ σύστασις ἐπιτροπῆς, ἡ ὁποία θὰ μελετήσῃ τὰ ζητήματα καὶ θὰ ὑποβάλῃ τὰ πορίσματά της ἐντὸς τοῦ μηνός. ΑΘΗΝΑΙ, 11.— Ὁ ὑπουργὸς ἐδήλωσε χθὲς ὅτι ἡ κυβέρνησις θὰ συνεχίσῃ τὰς προσπαθείας της διὰ τὴν ἐξυπηρέτησιν τοῦ κοινοῦ. Αἱ ἀρμόδιαι ὑπηρεσίαι ἔλαβον ἐντολὰς ὅπως προβοῦν εἰς τὴν ἐφαρμογὴν τῶν μέτρων, τὰ ὁποῖα ἀπεφασίσθησαν κατὰ τὴν σύσκεψιν. Εἰς τὰς ἐργασίας ἔλαβον μέρος οἱ ἐκπρόσωποι τῶν ἐνδιαφερομένων ὀργανώσεων καὶ ἐξέθεσαν τὰς ἀπόψεις των ἐπὶ τῶν θεμάτων τῆς ἡμερησίας διατάξεως. Κατόπιν μακρᾶς συζητήσεως ἀπεφασίσθη ἡ σύστασις ἐπιτροπῆς, ἡ ὁποία θὰ μελετήσῃ τὰ ζητήματα καὶ θὰ ὑποβάλῃ τὰ πορίσματά της ἐντὸς τοῦ μηνός. ΑΘΗΝΑΙ, 11.— Ὁ ὑπουργὸς ἐδήλωσε χθὲς ὅτι ἡ κυβέρνησις θὰ συνεχίσῃ τὰς προσπαθείας της διὰ τὴν ἐξυπηρέτησιν τοῦ κοινοῦ. Αἱ ἀρμόδιαι ὑπηρεσίαι ἔλαβον ἐντολὰς ὅπως προβοῦν εἰς τὴν ἐφαρμογὴν τῶν μέτρων, τὰ ὁποῖα ἀπεφασίσθησαν κατὰ τὴν σύσκεψιν. Εἰς τὰς ἐργασίας ἔλαβον μέρος οἱ ἐκπρόσωποι τῶν ἐνδιαφερομένων ὀργανώσεων καὶ ἐξέθεσαν τὰς
Ἡ Ἑλλὰς προσεκλήθη εἰς τὴν εὐρωπαϊκὴν διάσκεψιν ἀσφαλείας
Ἀνταλλαγαὶ ἀπόψεων μὲ τὴν Γιουγκοσλαβίαν ἐπὶ τοῦ θέματος Ἀφιχθὴ διπλωματικὸς τῆς ἐκπροσώπου
ΥΠΕΒΛΗΘΗ ΤΟ ΥΠΟΜΝΗΜΑ ΤΩΝ ΤΡΑΠΕΖΙΚΩΝ ΔΙΑ ΤΑ ΤΑΜΕΙΑ
ΑΝΤΙΤΙΘΕΝΤΑΙ = ΕΙΣ ΤΗΝ ΜΕΤΑΤΡΟΠΗΝ
ΑΘΗΝΑΙ, 11.— Ὁ ὑπουργὸς ἐδήλωσε χθὲς ὅτι ἡ κυβέρνησις θὰ συνεχίσῃ τὰς προσπαθείας της διὰ τὴν ἐξυπηρέτησιν τοῦ κοινοῦ. Αἱ ἀρμόδιαι ὑπηρεσίαι ἔλαβον ἐντολὰς ὅπως προβοῦν εἰς τὴν ἐφαρμογὴν τῶν μέτρων, τὰ ὁποῖα ἀπεφασίσθησαν κατὰ τὴν σύσκεψιν. Εἰς τὰς ἐργασίας ἔλαβον μέρος οἱ ἐκπρόσωποι τῶν ἐνδιαφερομένων ὀργανώσεων καὶ ἐξέθεσαν τὰς ἀπόψεις των ἐπὶ τῶν θεμάτων τῆς ἡμερησίας διατάξεως. Κατόπιν μακρᾶς συζητήσεως ἀπεφασίσθη ἡ σύστασις ἐπιτροπῆς, ἡ ὁποία θὰ μελετήσῃ τὰ ζητήματα καὶ θὰ ὑποβάλῃ τὰ πορίσματά της ἐντὸς τοῦ μηνός.
ΑΘΗΝΑΙ, 11.— Ὁ ὑπουργὸς ἐδήλωσε χθὲς ὅτι ἡ κυβέρνησις θὰ συνεχίσῃ τὰς προσπαθείας της διὰ τὴν ἐξυπηρέτησιν τοῦ κοινοῦ. Αἱ ἀρμόδιαι ὑπηρεσίαι ἔλαβον ἐντολὰς ὅπως προβοῦν εἰς τὴν ἐφαρμογὴν τῶν μέτρων, τὰ ὁποῖα ἀπεφασίσθησαν κατὰ τὴν σύσκεψιν. Εἰς τὰς ἐργασίας ἔλαβον μέρος οἱ ἐκπρόσωποι τῶν ἐνδιαφερομένων ὀργανώσεων καὶ ἐξέθεσαν τὰς ἀπόψεις των ἐπὶ τῶν θεμάτων τῆς ἡμερησίας διατάξεως. Κατόπιν μακρᾶς συζητήσεως ἀπεφασίσθη ἡ σύστασις ἐπιτροπῆς, ἡ ὁποία θὰ μελετήσῃ τὰ ζητήματα καὶ θὰ ὑποβάλῃ τὰ πορίσματά της ἐντὸς τοῦ μηνός. ΑΘΗΝΑΙ, 11.— Ὁ ὑπουργὸς ἐδήλωσε χθὲς ὅτι ἡ κυβέρνησις θὰ συνεχίσῃ τὰς προσπαθείας της διὰ τὴν ἐξυπηρέτησιν τοῦ κοινοῦ. Αἱ ἀρμόδιαι ὑπηρεσίαι ἔλαβον ἐντολὰς ὅπως προβοῦν εἰς τὴν ἐφαρμογὴν τῶν μέτρων, τὰ ὁποῖα ἀπεφασίσθησαν κατὰ τὴν σύσκεψιν. Εἰς τὰς ἐργασίας ἔλαβον μέρος οἱ ἐκπρόσωποι τῶν ἐνδιαφερομένων ὀργανώσεων καὶ ἐξέθεσαν τὰς ἀπόψεις των ἐπὶ τῶν θεμάτων τῆς ἡμερησίας διατάξεως. Κατόπιν μακρᾶς συζητήσεως ἀπεφασίσθη ἡ σύστασις ἐπιτροπῆς, ἡ ὁποία θὰ μελετήσῃ τὰ ζητήματα καὶ θὰ ὑποβάλῃ τὰ πορίσματά της ἐντὸς τοῦ μηνός. ΑΘΗΝΑΙ, 11.— Ὁ ὑπουργὸς ἐδήλωσε χθὲς ὅτι ἡ κυβέρνησις θὰ συνεχίσῃ τὰς προσπαθείας της διὰ τὴν ἐξυπηρέτησιν τοῦ κοινοῦ. Αἱ ἀρμόδιαι ὑπηρεσίαι ἔλαβον ἐντολὰς ὅπως προβοῦν εἰς τὴν ἐφαρμογὴν τῶν μέτρων, τὰ ὁποῖα ἀπεφασίσθησαν κατὰ τὴν σύσκεψιν. Εἰς τὰς ἐργασίας ἔλαβον μέρος οἱ ἐκπρόσωποι τῶν ἐνδιαφερομένων ὀργανώσεων καὶ ἐξέθεσαν τὰς ἀπόψεις των ἐπὶ τῶν θεμάτων τῆς ἡμερησίας διατάξεως. Κατόπιν μακρᾶς συζητήσεως ἀπεφασίσθη ἡ σύστασις ἐπιτροπῆς, ἡ ὁποία θὰ μελετήσῃ τὰ ζητήματα καὶ θὰ ὑποβάλῃ τὰ πορίσματά της ἐντὸς τοῦ μηνός.
Ο κ. ΠΡΩΘΥΠΟΥΡΓΟΣ ΘΑ ΠΑΡΑΣΤΗ ΕΙΣ ΤΗΝ ΕΝΑΡΞΙΝ ΤΩΝ ΕΡΓΑΣΙΩΝ ΤΗΣ ΙΕΡΑΣ ΣΥΝΟΔΟΥ ΤΗΣ ΙΕΡΑΡΧΙΑΣ
ΘΑ ΑΡΧΙΣΟΥΝ ΤΗΝ ΤΕΤΑΡΤΗΝ ΜΕ ΠΑΣΑΝ ΕΠΙΣΗΜΟΤΗΤΑ
ΑΘΗΝΑΙ, 11.— Ὁ ὑπουργὸς ἐδήλωσε χθὲς ὅτι ἡ κυβέρνησις θὰ συνεχίσῃ τὰς προσπαθείας της διὰ τὴν ἐξυπηρέτησιν τοῦ κοινοῦ. Αἱ ἀρμόδιαι ὑπηρεσίαι ἔλαβον ἐντολὰς ὅπως προβοῦν εἰς τὴν ἐφαρμογὴν τῶν μέτρων, τὰ ὁποῖα ἀπεφασίσθησαν κατὰ τὴν σύσκεψιν. Εἰς τὰς ἐργασίας ἔλαβον μέρος οἱ ἐκπρόσωποι τῶν ἐνδιαφερομένων ὀργανώσεων καὶ ἐξέθεσαν τὰς ἀπόψεις των ἐπὶ τῶν θεμάτων τῆς ἡμερησίας διατάξεως. Κατόπιν μακρᾶς συζητήσεως ἀπεφασίσθη ἡ σύστασις ἐπιτροπῆς, ἡ ὁποία θὰ μελετήσῃ τὰ ζητήματα καὶ θὰ ὑποβάλῃ τὰ πορίσματά της ἐντὸς τοῦ μηνός. ΑΘΗΝΑΙ, 11.— Ὁ ὑπουργὸς ἐδήλωσε χθὲς ὅτι ἡ κυβέρνησις θὰ συνεχίσῃ τὰς προσπαθείας της διὰ τὴν ἐξυπηρέτησιν τοῦ κοινοῦ. Αἱ ἀρμόδιαι ὑπηρεσίαι ἔλαβον ἐντολὰς ὅπως προβοῦν εἰς τὴν ἐφαρμογὴν τῶν μέτρων, τὰ ὁποῖα ἀπεφασίσθησαν κατὰ τὴν σύσκεψιν. Εἰς τὰς ἐργασίας ἔλαβον μέρος οἱ ἐκπρόσωποι τῶν ἐνδιαφερομένων ὀργανώσεων καὶ ἐξέθεσαν τὰς ἀπόψεις των ἐπὶ τῶν θεμάτων τῆς ἡμερησίας διατάξεως. Κατόπιν μακρᾶς συζητήσεως ἀπεφασίσθη ἡ σύστασις ἐπιτροπῆς, ἡ ὁποία θὰ μελετήσῃ τὰ ζητήματα καὶ θὰ ὑποβάλῃ τὰ πορίσματά της ἐντὸς τοῦ μηνός. ΑΘΗΝΑΙ, 11.— Ὁ ὑπουργὸς ἐδήλωσε χθὲς ὅτι ἡ κυβέρνησις θὰ συνεχίσῃ τὰς προσπαθείας της διὰ τὴν ἐξυπηρέτησιν τοῦ κοινοῦ. Αἱ ἀρμόδιαι ὑπηρεσίαι ἔλαβον ἐντολὰς ὅπως προβοῦν εἰς τὴν ἐφαρμογὴν τῶν μέτρων, τὰ ὁποῖα ἀπεφασίσθησαν κατὰ τὴν σύσκεψιν. Εἰς τὰς ἐργασίας ἔλαβον μέρος οἱ ἐκπρόσωποι τῶν ἐνδιαφερομένων ὀργανώσεων καὶ ἐξέθεσαν τὰς ἀπόψεις των ἐπὶ τῶν θεμάτων τῆς ἡμερησίας διατάξεως. Κατόπιν μακρᾶς συζητήσεως ἀπεφασίσθη ἡ σύστασις ἐπιτροπῆς, ἡ ὁποία θὰ μελετήσῃ τὰ ζητήματα καὶ θὰ ὑποβάλῃ τὰ πορίσματά της ἐντὸς τοῦ μηνός.
Ο ΤΡΥΝΤΟ ΑΠΩΛΕΣΕ ΚΑΙ ΠΑΛΙΝ ΜΙΑΝ ΕΔΡΑΝ
ΑΘΗΝΑΙ, 11.— Ὁ ὑπουργὸς ἐδήλωσε χθὲς ὅτι ἡ κυβέρνησις θὰ συνεχίσῃ τὰς προσπαθείας της διὰ τὴν ἐξυπηρέτησιν τοῦ κοινοῦ. Αἱ ἀρμόδιαι ὑπηρεσίαι ἔλαβον ἐντολὰς ὅπως προβοῦν εἰς τὴν ἐφαρμογὴν τῶν μέτρων, τὰ ὁποῖα ἀπεφασίσθησαν κατὰ τὴν σύσκεψιν. Εἰς τὰς ἐργασίας ἔλαβον μέρος οἱ ἐκπρόσωποι τῶν ἐνδιαφερομένων ὀργανώσεων καὶ ἐξέθεσαν τὰς ἀπόψεις
Ο ΑΛΛΕΝΤΕ ΘΑ ΕΠΙΣΚΕΦΘΗ ΤΑ ΗΝ. ΕΘΝΗ
ΑΘΗΝΑΙ, 11.— Ὁ ὑπουργὸς ἐδήλωσε χθὲς ὅτι ἡ κυβέρνησις θὰ συνεχίσῃ τὰς προσπαθείας της διὰ τὴν ἐξυπηρέτησιν τοῦ κοινοῦ. Αἱ ἀρμόδιαι ὑπηρεσίαι ἔλαβον ἐντολὰς ὅπως προβοῦν εἰς τὴν ἐφαρμογὴν τῶν μέτρων, τὰ ὁποῖα ἀπεφασίσθησαν κατὰ τὴν σύσκεψιν. Εἰς τὰς ἐργασίας ἔλαβον μέρος οἱ ἐκπρόσωποι τῶν
ΣΥΓΧΑΡΗΤΗΡΙΑ ΤΟΥ Κ. ΠΡΩΘΥΠΟΥΡΓΟΥ
ΑΘΗΝΑΙ, 11.— Ὁ ὑπουργὸς ἐδήλωσε χθὲς ὅτι ἡ κυβέρνησις θὰ συνεχίσῃ τὰς προσπαθείας της διὰ τὴν ἐξυπηρέτησιν τοῦ κοινοῦ. Αἱ ἀρμόδιαι ὑπηρεσίαι ἔλαβον ἐντολὰς ὅπως προβοῦν εἰς τὴν ἐφαρμογὴν τῶν μέτρων, τὰ ὁποῖα ἀπεφασίσθησαν κατὰ τὴν σύσκεψιν. Εἰς τὰς ἐργασίας ἔλαβον μέρος οἱ ἐκπρόσωποι τῶν
ΘΑ ΥΠΟΒΑΛΘΟΥΝ ΔΗΛΩΣΕΙΣ ΑΠΟ ΞΕΝΟΔΟΧΕΙΑ ΕΠΙ ΤΩΝ ΔΙΑΝΥΚΤΕΡΕΥΣΕΩΝ ΑΛΛΟΔΑΠΩΝ ΔΙΑ ΧΟΡΗΓΗΣΙΝ ΑΠΑΛΛΑΓΩΝ ΚΑΙ ΕΚΠΤΩΣΕΩΝ
ΑΘΗΝΑΙ, 11.— Ὁ ὑπουργὸς ἐδήλωσε χθὲς ὅτι ἡ κυβέρνησις θὰ συνεχίσῃ τὰς προσπαθείας της διὰ τὴν ἐξυπηρέτησιν τοῦ κοινοῦ. Αἱ ἀρμόδιαι ὑπηρεσίαι ἔλαβον ἐντολὰς ὅπως προβοῦν εἰς τὴν ἐφαρμογὴν τῶν μέτρων, τὰ ὁποῖα ἀπεφασίσθησαν κατὰ τὴν σύσκεψιν. Εἰς τὰς ἐργασίας ἔλαβον μέρος οἱ ἐκπρόσωποι τῶν ἐνδιαφερομένων ὀργανώσεων καὶ ἐξέθεσαν τὰς ἀπόψεις των ἐπὶ τῶν θεμάτων τῆς ἡμερησίας διατάξεως. Κατόπιν μακρᾶς συζητήσεως ἀπεφασίσθη ἡ σύστασις ἐπιτροπῆς, ἡ ὁποία θὰ μελετήσῃ τὰ ζητήματα καὶ θὰ ὑποβάλῃ τὰ πορίσματά της ἐντὸς τοῦ μηνός. ΑΘΗΝΑΙ, 11.— Ὁ ὑπουργὸς ἐδήλωσε χθὲς ὅτι ἡ κυβέρνησις θὰ συνεχίσῃ τὰς προσπαθείας της διὰ τὴν ἐξυπηρέτησιν τοῦ κοινοῦ. Αἱ ἀρμόδιαι ὑπηρεσίαι ἔλαβον ἐντολὰς ὅπως προβοῦν εἰς τὴν ἐφαρμογὴν τῶν μέτρων, τὰ ὁποῖα ἀπεφασίσθησαν κατὰ τὴν σύσκεψιν. Εἰς τὰς ἐργασίας ἔλαβον μέρος οἱ ἐκπρόσωποι τῶν ἐνδιαφερομένων ὀργανώσεων καὶ ἐξέθεσαν τὰς ἀπόψεις των ἐπὶ τῶν θεμάτων τῆς ἡμερησίας διατάξεως. Κατόπιν μακρᾶς συζητήσεως ἀπεφασίσθη ἡ σύστασις ἐπιτροπῆς, ἡ ὁποία θὰ μελετήσῃ τὰ ζητήματα καὶ θὰ ὑποβάλῃ τὰ πορίσματά της ἐντὸς τοῦ μηνός. ΑΘΗΝΑΙ, 11.— Ὁ ὑπουργὸς ἐδήλωσε χθὲς ὅτι ἡ κυβέρνησις θὰ συνεχίσῃ τὰς προσπαθείας της διὰ τὴν ἐξυπηρέτησιν τοῦ κοινοῦ. Αἱ ἀρμόδιαι ὑπηρεσίαι ἔλαβον ἐντολὰς ὅπως προβοῦν εἰς τὴν ἐφαρμογὴν τῶν μέτρων, τὰ ὁποῖα ἀπεφασίσθησαν κατὰ τὴν σύσκεψιν. Εἰς τὰς ἐργασίας ἔλαβον μέρος οἱ ἐκπρόσωποι τῶν ἐνδιαφερομένων ὀργανώσεων καὶ ἐξέθεσαν τὰς ἀπόψεις των ἐπὶ τῶν θεμάτων τῆς ἡμερησίας διατάξεως. Κατόπιν μακρᾶς συζητήσεως ἀπεφασίσθη ἡ σύστασις ἐπιτροπῆς, ἡ ὁποία θὰ μελετήσῃ τὰ ζητήματα καὶ θὰ ὑποβάλῃ τὰ πορίσματά της ἐντὸς τοῦ μηνός.
ΕΝΕΚΡΙΘΗ Η ΕΓΚΑΤΑΣΤΑΣΙΣ ΕΙΣ ΤΑΣ ΑΘΗΝΑΣ ΚΑΙ ΑΛΛΩΝ ΓΡΑΦΕΙΩΝ ΑΛΛΟΔΑΠΩΝ ΕΤΑΙΡΕΙΩΝ
ΑΘΗΝΑΙ, 11.— Ὁ ὑπουργὸς ἐδήλωσε χθὲς ὅτι ἡ κυβέρνησις θὰ συνεχίσῃ τὰς προσπαθείας της διὰ τὴν ἐξυπηρέτησιν τοῦ κοινοῦ. Αἱ ἀρμόδιαι ὑπηρεσίαι ἔλαβον ἐντολὰς ὅπως προβοῦν εἰς τὴν ἐφαρμογὴν τῶν μέτρων, τὰ ὁποῖα ἀπεφασίσθησαν κατὰ τὴν σύσκεψιν. Εἰς τὰς ἐργασίας ἔλαβον μέρος οἱ ἐκπρόσωποι τῶν ἐνδιαφερομένων ὀργανώσεων καὶ ἐξέθεσαν τὰς ἀπόψεις των ἐπὶ τῶν θεμάτων τῆς ἡμερησίας διατάξεως. Κατόπιν μακρᾶς συζητήσεως ἀπεφασίσθη ἡ σύστασις ἐπιτροπῆς, ἡ ὁποία θὰ μελετήσῃ τὰ ζητήματα καὶ θὰ ὑποβάλῃ τὰ πορίσματά της ἐντὸς τοῦ μηνός. ΑΘΗΝΑΙ, 11.— Ὁ ὑπουργὸς ἐδήλωσε χθὲς ὅτι ἡ κυβέρνησις θὰ συνεχίσῃ τὰς προσπαθείας της διὰ τὴν ἐξυπηρέτησιν τοῦ κοινοῦ. Αἱ ἀρμόδιαι ὑπηρεσίαι ἔλαβον ἐντολὰς ὅπως προβοῦν εἰς τὴν ἐφαρμογὴν τῶν μέτρων, τὰ ὁποῖα ἀπεφασίσθησαν κατὰ τὴν σύσκεψιν. Εἰς τὰς ἐργασίας ἔλαβον μέρος οἱ ἐκπρόσωποι τῶν ἐνδιαφερομένων ὀργανώσεων καὶ ἐξέθεσαν τὰς ἀπόψεις των ἐπὶ τῶν θεμάτων τῆς ἡμερησίας διατάξεως. Κατόπιν μακρᾶς συζητήσεως ἀπεφασίσθη ἡ σύστασις ἐπιτροπῆς, ἡ ὁποία θὰ μελετήσῃ τὰ ζητήματα καὶ θὰ ὑποβάλῃ τὰ πορίσματά της ἐντὸς τοῦ μηνός.
ΕΠΕΒΛΗΘΗΣΑΝ ΠΟΙΝΑΙ ΕΙΣ ΤΟΥΣ ΚΥΒΕΡΝΗΤΑΣ ΑΛΙΕΥΤΙΚΩΝ ΠΑΡΑΝΟΜΩΣ ΜΗΧΑΝΟΤΡΑΤΩΝ
ΑΘΗΝΑΙ, 11.— Ὁ ὑπουργὸς ἐδήλωσε χθὲς ὅτι ἡ κυβέρνησις θὰ συνεχίσῃ τὰς προσπαθείας της διὰ τὴν ἐξυπηρέτησιν τοῦ κοινοῦ. Αἱ ἀρμόδιαι ὑπηρεσίαι ἔλαβον ἐντολὰς ὅπως προβοῦν εἰς τὴν ἐφαρμογὴν τῶν μέτρων, τὰ ὁποῖα ἀπεφασίσθησαν κατὰ τὴν σύσκεψιν. Εἰς τὰς ἐργασίας ἔλαβον μέρος οἱ ἐκπρόσωποι τῶν ἐνδιαφερομένων ὀργανώσεων καὶ ἐξέθεσαν τὰς ἀπόψεις των ἐπὶ τῶν θεμάτων τῆς ἡμερησίας διατάξεως. Κατόπιν μακρᾶς συζητήσεως ἀπεφασίσθη ἡ σύστασις ἐπιτροπῆς, ἡ ὁποία θὰ μελετήσῃ τὰ ζητήματα καὶ θὰ ὑποβάλῃ τὰ πορίσματά της ἐντὸς τοῦ μηνός. ΑΘΗΝΑΙ, 11.— Ὁ ὑπουργὸς ἐδήλωσε χθὲς ὅτι ἡ κυβέρνησις θὰ συνεχίσῃ τὰς προσπαθείας της διὰ τὴν ἐξυπηρέτησιν τοῦ κοινοῦ. Αἱ ἀρμόδιαι ὑπηρεσίαι ἔλαβον ἐντολὰς ὅπως προβοῦν εἰς τὴν ἐφαρμογὴν τῶν μέτρων, τὰ ὁποῖα ἀπεφασίσθησαν κατὰ τὴν σύσκεψιν. Εἰς τὰς ἐργασίας ἔλαβον μέρος οἱ ἐκπρόσωποι τῶν ἐνδιαφερομένων ὀργανώσεων καὶ ἐξέθεσαν τὰς ἀπόψεις των ἐπὶ τῶν θεμάτων τῆς ἡμερησίας διατάξεως. Κατόπιν μακρᾶς συζητήσεως ἀπεφασίσθη ἡ σύστασις ἐπιτροπῆς, ἡ ὁποία
ΕΠΤΑ ΔΕΣΜΟΦΥΛΑΚΕΣ ΕΙΣ ΤΗΝ ΑΥΣΤΡΙΑΝ ΕΠΕΔΙΔΟΝΤΟ ΕΙΣ ΟΡΓΙΑ ΜΕ ΦΥΛΑΚΙΣΜΕΝΗΝ
ΑΘΗΝΑΙ, 11.— Ὁ ὑπουργὸς ἐδήλωσε χθὲς ὅτι ἡ κυβέρνησις θὰ συνεχίσῃ τὰς προσπαθείας της διὰ τὴν ἐξυπηρέτησιν τοῦ κοινοῦ. Αἱ ἀρμόδιαι ὑπηρεσίαι ἔλαβον ἐντολὰς ὅπως προβοῦν εἰς τὴν ἐφαρμογὴν τῶν μέτρων, τὰ ὁποῖα ἀπεφασίσθησαν κατὰ τὴν σύσκεψιν. Εἰς τὰς ἐργασίας ἔλαβον μέρος οἱ ἐκπρόσωποι τῶν ἐνδιαφερομένων ὀργανώσεων καὶ ἐξέθεσαν τὰς ἀπόψεις των ἐπὶ τῶν θεμάτων τῆς ἡμερησίας διατάξεως. Κατόπιν μακρᾶς συζητήσεως ἀπεφασίσθη ἡ σύστασις ἐπιτροπῆς, ἡ ὁποία θὰ μελετήσῃ τὰ ζητήματα καὶ θὰ ὑποβάλῃ τὰ πορίσματά της ἐντὸς τοῦ μηνός. ΑΘΗΝΑΙ, 11.— Ὁ ὑπουργὸς ἐδήλωσε χθὲς ὅτι ἡ κυβέρνησις θὰ συνεχίσῃ τὰς προσπαθείας της διὰ τὴν ἐξυπηρέτησιν τοῦ κοινοῦ. Αἱ ἀρμόδιαι ὑπηρεσίαι ἔλαβον ἐντολὰς ὅπως προβοῦν εἰς τὴν ἐφαρμογὴν τῶν μέτρων, τὰ ὁποῖα ἀπεφασίσθησαν κατὰ τὴν σύσκεψιν. Εἰς τὰς ἐργασίας ἔλαβον μέρος οἱ ἐκπρόσωποι τῶν ἐνδιαφερομένων ὀργανώσεων καὶ ἐξέθεσαν τὰς ἀπόψεις των ἐπὶ τῶν θεμάτων τῆς ἡμερησίας διατάξεως. Κατόπιν μακρᾶς συζητήσεως ἀπεφασίσθη ἡ σύστασις ἐπιτροπῆς, ἡ ὁποία θὰ μελετήσῃ τὰ ζητήματα καὶ θὰ ὑποβάλῃ τὰ πορίσματά της ἐντὸς τοῦ μηνός. ΑΘΗΝΑΙ, 11.— Ὁ ὑπουργὸς ἐδήλωσε χθὲς ὅτι ἡ κυβέρνησις θὰ συνεχίσῃ τὰς προσπαθείας της διὰ τὴν ἐξυπηρέτησιν τοῦ κοινοῦ. Αἱ ἀρμόδιαι ὑπηρεσίαι ἔλαβον ἐντολὰς ὅπως προβοῦν εἰς τὴν ἐφαρμογὴν τῶν μέτρων, τὰ ὁποῖα ἀπεφασίσθησαν κατὰ τὴν σύσκεψιν. Εἰς τὰς ἐργασίας ἔλαβον μέρος οἱ ἐκπρόσωποι τῶν ἐνδιαφερομένων ὀργανώσεων καὶ ἐξέθεσαν τὰς ἀπόψεις των ἐπὶ τῶν θεμάτων τῆς ἡμερησίας διατάξεως. Κατόπιν μακρᾶς
Ο ΤΣΑΟΥΣΕΣΚΟΥ ΘΑ ΛΑΒΗ ΑΥΣΤΗΡΑ ΜΕΤΡΑ ΚΑΤΑ ΤΟΥ ΠΛΟΥΤΙΣΜΟΥ ΚΑΙ ΠΑΡΑΣΙΤΙΣΜΟΥ
ΑΘΗΝΑΙ, 11.— Ὁ ὑπουργὸς ἐδήλωσε χθὲς ὅτι ἡ κυβέρνησις θὰ συνεχίσῃ τὰς προσπαθείας της διὰ τὴν ἐξυπηρέτησιν τοῦ κοινοῦ. Αἱ ἀρμόδιαι ὑπηρεσίαι ἔλαβον ἐντολὰς ὅπως προβοῦν εἰς τὴν ἐφαρμογὴν τῶν μέτρων, τὰ ὁποῖα ἀπεφασίσθησαν κατὰ τὴν σύσκεψιν. Εἰς τὰς ἐργασίας ἔλαβον μέρος οἱ ἐκπρόσωποι τῶν ἐνδιαφερομένων ὀργανώσεων καὶ ἐξέθεσαν τὰς ἀπόψεις των ἐπὶ τῶν θεμάτων τῆς ἡμερησίας διατάξεως. Κατόπιν μακρᾶς συζητήσεως ἀπεφασίσθη ἡ σύστασις ἐπιτροπῆς, ἡ ὁποία θὰ μελετήσῃ τὰ ζητήματα καὶ θὰ ὑποβάλῃ τὰ πορίσματά της ἐντὸς τοῦ μηνός. ΑΘΗΝΑΙ, 11.— Ὁ ὑπουργὸς ἐδήλωσε χθὲς ὅτι ἡ κυβέρνησις θὰ συνεχίσῃ τὰς προσπαθείας της διὰ τὴν ἐξυπηρέτησιν τοῦ κοινοῦ. Αἱ ἀρμόδιαι ὑπηρεσίαι ἔλαβον ἐντολὰς ὅπως προβοῦν εἰς τὴν ἐφαρμογὴν τῶν μέτρων, τὰ ὁποῖα ἀπεφασίσθησαν κατὰ τὴν σύσκεψιν. Εἰς τὰς ἐργασίας ἔλαβον μέρος οἱ ἐκπρόσωποι τῶν ἐνδιαφερομένων ὀργανώσεων καὶ ἐξέθεσαν τὰς ἀπόψεις των ἐπὶ τῶν θεμάτων τῆς ἡμερησίας διατάξεως. Κατόπιν μακρᾶς συζητήσεως ἀπεφασίσθη ἡ σύστασις ἐπιτροπῆς, ἡ ὁποία θὰ μελετήσῃ τὰ ζητήματα καὶ θὰ ὑποβάλῃ τὰ πορίσματά της ἐντὸς τοῦ μηνός. ΑΘΗΝΑΙ, 11.— Ὁ ὑπουργὸς ἐδήλωσε χθὲς ὅτι ἡ κυβέρνησις θὰ συνεχίσῃ τὰς προσπαθείας της διὰ τὴν ἐξυπηρέτησιν τοῦ κοινοῦ. Αἱ ἀρμόδιαι ὑπηρεσίαι ἔλαβον ἐντολὰς ὅπως προβοῦν εἰς τὴν ἐφαρμογὴν τῶν μέτρων, τὰ ὁποῖα ἀπεφασίσθησαν κατὰ τὴν σύσκεψιν. Εἰς τὰς ἐργασίας ἔλαβον μέρος οἱ ἐκπρόσωποι τῶν ἐνδιαφερομένων ὀργανώσεων καὶ ἐξέθεσαν τὰς ἀπόψεις των ἐπὶ τῶν θεμάτων τῆς ἡμερησίας διατάξεως. Κατόπιν μακρᾶς συζητήσεως ἀπεφασίσθη ἡ σύστασις ἐπιτροπῆς, ἡ ὁποία θὰ μελετήσῃ τὰ ζητήματα καὶ θὰ ὑποβάλῃ τὰ πορίσματά της ἐντὸς τοῦ μηνός. ΑΘΗΝΑΙ, 11.— Ὁ ὑπουργὸς ἐδήλωσε χθὲς ὅτι ἡ κυβέρνησις θὰ συνεχίσῃ τὰς προσπαθείας της διὰ τὴν ἐξυπηρέτησιν τοῦ κοινοῦ. Αἱ ἀρμόδιαι ὑπηρεσίαι ἔλαβον ἐντολὰς ὅπως προβοῦν εἰς τὴν ἐφαρμογὴν τῶν μέτρων, τὰ ὁποῖα ἀπεφασίσθησαν κατὰ τὴν σύσκεψιν. Εἰς τὰς ἐργασίας ἔλαβον μέρος οἱ ἐκπρόσωποι τῶν ἐνδιαφερομένων ὀργανώσεων καὶ ἐξέθεσαν τὰς ἀπόψεις των ἐπὶ τῶν
«ΥΠΕΡΥΠΟΥΡΓΕΙΟΝ» ΤΩΝ ΕΞΩΤΕΡΙΚ ΘΑ ΣΥΣΤΗΣΗ Ο ΠΡΟΕΔΡΟΣ ΝΙΞΟΝ ΜΕ ΕΠΙ ΚΕΦΑΛΗΣ ΤΟΝ κ. ΚΙΣΣΙΝΓΚ
Πλήρης ἀναδιοργάνωσις τῶν ὑπηρεσιῶ
Τὸ ἐνδιαφέρον διὰ τὴν Δυτ. Εὐρώπη
ΑΘΗΝΑΙ, 11.— Ὁ ὑπουργὸς ἐδήλωσε χθὲς ὅτι ἡ κυβέρνησις θὰ συνεχίσῃ τὰς προσπαθείας της διὰ τὴν ἐξυπηρέτησιν τοῦ κοινοῦ. Αἱ ἀρμόδιαι ὑπηρεσίαι ἔλαβον ἐντολὰς ὅπως προβοῦν εἰς τὴν ἐφαρμογὴν τῶν μέτρων, τὰ ὁποῖα ἀπεφασίσθησαν κατὰ τὴν σύσκεψιν. Εἰς τὰς ἐργασίας ἔλαβον μέρος οἱ ἐκπρόσωποι τῶν ἐνδιαφερομένων ὀργανώσεων καὶ ἐξέθεσαν τὰς ἀπόψεις των ἐπὶ τῶν θεμάτων τῆς ἡμερησίας διατάξεως. Κατόπιν μακρᾶς συζητήσεως ἀπεφασίσθη ἡ σύστασις ἐπιτροπῆς, ἡ ὁποία θὰ μελετήσῃ τὰ ζητήματα καὶ θὰ ὑποβάλῃ τὰ πορίσματά της ἐντὸς τοῦ μηνός. ΑΘΗΝΑΙ, 11.— Ὁ ὑπουργὸς ἐδήλωσε χθὲς ὅτι ἡ κυβέρνησις θὰ συνεχίσῃ τὰς προσπαθείας της διὰ τὴν ἐξυπηρέτησιν τοῦ κοινοῦ. Αἱ ἀρμόδιαι ὑπηρεσίαι ἔλαβον ἐντολὰς ὅπως προβοῦν εἰς τὴν ἐφαρμογὴν τῶν μέτρων, τὰ ὁποῖα ἀπεφασίσθησαν κατὰ τὴν σύσκεψιν. Εἰς τὰς ἐργασίας ἔλαβον μέρος οἱ ἐκπρόσωποι τῶν ἐνδιαφερομένων ὀργανώσεων καὶ ἐξέθεσαν τὰς ἀπόψεις των ἐπὶ τῶν θεμάτων τῆς ἡμερησίας διατάξεως. Κατόπιν μακρᾶς συζητήσεως ἀπεφασίσθη ἡ σύστασις ἐπιτροπῆς, ἡ ὁποία θὰ μελετήσῃ τὰ ζητήματα καὶ θὰ ὑποβάλῃ τὰ πορίσματά της ἐντὸς τοῦ μηνός. ΑΘΗΝΑΙ, 11.— Ὁ ὑπουργὸς ἐδήλωσε χθὲς ὅτι ἡ κυβέρνησις θὰ συνεχίσῃ τὰς προσπαθείας της διὰ τὴν ἐξυπηρέτησιν τοῦ κοινοῦ. Αἱ ἀρμόδιαι ὑπηρεσίαι ἔλαβον ἐντολὰς ὅπως προβοῦν εἰς τὴν ἐφαρμογὴν τῶν μέτρων, τὰ ὁποῖα ἀπεφασίσθησαν κατὰ τὴν σύσκεψιν. Εἰς τὰς ἐργασίας ἔλαβον μέρος οἱ ἐκπρόσωποι τῶν ἐνδιαφερομένων ὀργανώσεων καὶ ἐξέθεσαν τὰς ἀπόψεις των ἐπὶ τῶν θεμάτων τῆς ἡμερησίας διατάξεως. Κατόπιν μακρᾶς συζητήσεως ἀπεφασίσθη ἡ σύστασις ἐπιτροπῆς, ἡ ὁποία θὰ μελετήσῃ τὰ ζητήματα καὶ θὰ ὑποβάλῃ τὰ πορίσματά της ἐντὸς τοῦ μηνός.
Η ΕΥΡΩΠΗ
ΑΘΗΝΑΙ, 11.— Ὁ ὑπουργὸς ἐδήλωσε χθὲς ὅτι ἡ κυβέρνησις θὰ συνεχίσῃ τὰς προσπαθείας της διὰ τὴν ἐξυπηρέτησιν τοῦ κοινοῦ. Αἱ ἀρμόδιαι ὑπηρεσίαι ἔλαβον ἐντολὰς ὅπως προβοῦν εἰς τὴν ἐφαρμογὴν τῶν μέτρων, τὰ ὁποῖα ἀπεφασίσθησαν κατὰ τὴν σύσκεψιν. Εἰς τὰς ἐργασίας ἔλαβον μέρος οἱ ἐκπρόσωποι τῶν ἐνδιαφερομένων ὀργανώσεων καὶ ἐξέθεσαν τὰς ἀπόψεις των ἐπὶ τῶν θεμάτων τῆς ἡμερησίας διατάξεως. Κατόπιν μακρᾶς συζητήσεως ἀπεφασίσθη ἡ σύστασις ἐπιτροπῆς, ἡ ὁποία θὰ μελετήσῃ τὰ ζητήματα καὶ θὰ ὑποβάλῃ τὰ πορίσματά της ἐντὸς τοῦ μηνός. ΑΘΗΝΑΙ, 11.— Ὁ ὑπουργὸς ἐδήλωσε χθὲς ὅτι ἡ κυβέρνησις θὰ συνεχίσῃ τὰς προσπαθείας της διὰ τὴν ἐξυπηρέτησιν τοῦ κοινοῦ. Αἱ ἀρμόδιαι ὑπηρεσίαι ἔλαβον ἐντολὰς ὅπως προβοῦν εἰς τὴν ἐφαρμογὴν τῶν μέτρων, τὰ ὁποῖα ἀπεφασίσθησαν κατὰ τὴν σύσκεψιν. Εἰς τὰς ἐργασίας ἔλαβον μέρος οἱ ἐκπρόσωποι τῶν ἐνδιαφερομένων ὀργανώσεων καὶ ἐξέθεσαν τὰς ἀπόψεις των ἐπὶ τῶν θεμάτων τῆς ἡμερησίας διατάξεως. Κατόπιν μακρᾶς συζητήσεως ἀπεφασίσθη ἡ σύστασις ἐπιτροπῆς, ἡ ὁποία θὰ μελετήσῃ τὰ ζητήματα καὶ θὰ ὑποβάλῃ τὰ πορίσματά της ἐντὸς τοῦ μηνός.
Ο ΚΕΝΝΕΝΤΥ ΔΕΝ ΘΕΛΕΙ ΝΑ ΕΙΝΑΙ ΠΡΟΕΔΡ
ΑΘΗΝΑΙ, 11.— Ὁ ὑπουργὸς ἐδήλωσε χθὲς ὅτι ἡ κυβέρνησις θὰ συνεχίσῃ τὰς προσπαθείας της διὰ τὴν ἐξυπηρέτησιν τοῦ κοινοῦ. Αἱ ἀρμόδιαι ὑπηρεσίαι ἔλαβον ἐντολὰς ὅπως προβοῦν εἰς τὴν ἐφαρμογὴν τῶν μέτρων, τὰ ὁποῖα ἀπεφασίσθησαν κατὰ τὴν σύσκεψιν. Εἰς τὰς ἐργασίας ἔλαβον μέρος οἱ ἐκπρόσωποι τῶν ἐνδιαφερομένων ὀργανώσεων καὶ ἐξέθεσαν τὰς ἀπόψεις των ἐπὶ τῶν θεμάτων τῆς ἡμερησίας διατάξεως. Κατόπιν μακρᾶς συζητήσεως ἀπεφασίσθη ἡ σύστασις ἐπιτροπῆς, ἡ ὁποία θὰ μελετήσῃ τὰ ζητήματα καὶ θὰ ὑποβάλῃ τὰ πορίσματά της ἐντὸς τοῦ μηνός. ΑΘΗΝΑΙ, 11.— Ὁ ὑπουργὸς ἐδήλωσε χθὲς ὅτι ἡ κυβέρνησις θὰ συνεχίσῃ τὰς προσπαθείας της διὰ τὴν ἐξυπηρέτησιν τοῦ κοινοῦ. Αἱ ἀρμόδιαι ὑπηρεσίαι ἔλαβον ἐντολὰς ὅπως προβοῦν εἰς τὴν ἐφαρμογὴν τῶν μέτρων, τὰ ὁποῖα ἀπεφασίσθησαν κατὰ τὴν σύσκεψιν. Εἰς τὰς ἐργασίας ἔλαβον μέρος οἱ ἐκπρόσωποι τῶν ἐνδιαφερομένων ὀργανώσεων καὶ ἐξέθεσαν τὰς ἀπόψεις των ἐπὶ τῶν θεμάτων τῆς ἡμερησίας διατάξεως. Κατόπιν μακρᾶς συζητήσεως ἀπεφασίσθη ἡ σύστασις ἐπιτροπῆς, ἡ ὁποία θὰ μελετήσῃ τὰ ζητήματα καὶ θὰ ὑποβάλῃ τὰ πορίσματά της ἐντὸς τοῦ μηνός. ΑΘΗΝΑΙ, 11.— Ὁ ὑπουργὸς ἐδήλωσε χθὲς ὅτι ἡ κυβέρνησις θὰ συνεχίσῃ τὰς προσπαθείας της διὰ τὴν ἐξυπηρέτησιν τοῦ κοινοῦ. Αἱ ἀρμόδιαι ὑπηρεσίαι ἔλαβον ἐντολὰς ὅπως προβοῦν εἰς τὴν ἐφαρμογὴν τῶν μέτρων, τὰ ὁποῖα ἀπεφασίσθησαν κατὰ τὴν σύσκεψιν. Εἰς τὰς ἐργασίας ἔλαβον μέρος οἱ ἐκπρόσωποι τῶν ἐνδιαφερομένων ὀργανώσεων καὶ ἐξέθεσαν τὰς ἀπόψεις των ἐπὶ τῶν θεμάτων τῆς ἡμερησίας διατάξεως. Κατόπιν μακρᾶς συζητήσεως ἀπεφασίσθη ἡ σύστασις ἐπιτροπῆς, ἡ ὁποία θὰ μελετήσῃ τὰ ζητήματα καὶ θὰ ὑποβάλῃ τὰ πορίσματά της ἐντὸς τοῦ μηνός.
ΣΧΟΛΙΟΝ ΤΟΥ «ΕΚΟΝΟΜΙΣΤ»
ΑΘΗΝΑΙ, 11.— Ὁ ὑπουργὸς ἐδήλωσε χθὲς ὅτι ἡ κυβέρνησις θὰ συνεχίσῃ τὰς προσπαθείας της διὰ τὴν ἐξυπηρέτησιν τοῦ κοινοῦ. Αἱ ἀρμόδιαι ὑπηρεσίαι ἔλαβον ἐντολὰς ὅπως προβοῦν εἰς τὴν ἐφαρμογὴν τῶν μέτρων, τὰ ὁποῖα ἀπεφασίσθησαν κατὰ τὴν σύσκεψιν. Εἰς τὰς ἐργασίας ἔλαβον μέρος οἱ ἐκπρόσωποι τῶν ἐνδιαφερομένων ὀργανώσεων καὶ ἐξέθεσαν τὰς ἀπόψεις των ἐπὶ τῶν θεμάτων τῆς ἡμερησίας διατάξεως. Κατόπιν μακρᾶς συζητήσεως ἀπεφασίσθη ἡ σύστασις ἐπιτροπῆς, ἡ ὁποία θὰ μελετήσῃ τὰ ζητήματα καὶ θὰ ὑποβάλῃ τὰ πορίσματά της ἐντὸς τοῦ μηνός. ΑΘΗΝΑΙ, 11.— Ὁ ὑπουργὸς ἐδήλωσε χθὲς ὅτι ἡ κυβέρνησις θὰ συνεχίσῃ τὰς προσπαθείας της διὰ τὴν ἐξυπηρέτησιν τοῦ κοινοῦ. Αἱ ἀρμόδιαι ὑπηρεσίαι ἔλαβον ἐντολὰς ὅπως προβοῦν εἰς τὴν ἐφαρμογὴν τῶν μέτρων, τὰ ὁποῖα ἀπεφασίσθησαν κατὰ τὴν σύσκεψιν. Εἰς τὰς ἐργασίας ἔλαβον μέρος οἱ ἐκπρόσωποι τῶν ἐνδιαφερομένων ὀργανώσεων καὶ ἐξέθεσαν τὰς ἀπόψεις των ἐπὶ τῶν θεμάτων τῆς ἡμερησίας διατάξεως. Κατόπιν μακρᾶς συζητήσεως ἀπεφασίσθη ἡ σύστασις ἐπιτροπῆς, ἡ ὁποία θὰ μελετήσῃ τὰ ζητήματα καὶ θὰ ὑποβάλῃ τὰ πορίσματά της ἐντὸς τοῦ μηνός.
Ο ΝΙΞΟΝ ΕΠΕΞΕΤΕΙΝΕ ΚΑΙ ΕΙΣ ΚΑΜΠΟΤΖ ΤΟ ΠΡΟΓΡΑΜΜΑ ΣΤΡΑΤΙΩΤΙΚΗΣ ΒΟΗΘΕΙ
ΝΑΡΚΑΛΙΕΥΤΙΚΑ ΕΙΣ ΤΟ ΤΟΝΚΙΝ
ΣΥΝΕΧΕΙΑ ΕΚ ΤΗΣ 1ΗΣ ΣΕΛ. ΑΘΗΝΑΙ, 11.— Ὁ ὑπουργὸς ἐδήλωσε χθὲς ὅτι ἡ κυβέρνησις θὰ συνεχίσῃ τὰς προσπαθείας της διὰ τὴν ἐξυπηρέτησιν τοῦ κοινοῦ. Αἱ ἀρμόδιαι ὑπηρεσίαι ἔλαβον ἐντολὰς ὅπως προβοῦν εἰς τὴν ἐφαρμογὴν τῶν μέτρων, τὰ ὁποῖα ἀπεφασίσθησαν κατὰ τὴν σύσκεψιν. Εἰς τὰς ἐργασίας ἔλαβον μέρος οἱ ἐκπρόσωποι τῶν ἐνδιαφερομένων ὀργανώσεων καὶ ἐξέθεσαν τὰς ἀπόψεις των ἐπὶ τῶν θεμάτων τῆς ἡμερησίας διατάξεως. Κατόπιν μακρᾶς συζητήσεως ἀπεφασίσθη ἡ σύστασις ἐπιτροπῆς, ἡ ὁποία θὰ μελετήσῃ τὰ ζητήματα καὶ θὰ ὑποβάλῃ τὰ πορίσματά της ἐντὸς τοῦ μηνός.
ΑΙ ΕΠΙΔΡΟΜΑΙ
ΑΘΗΝΑΙ, 11.— Ὁ ὑπουργὸς ἐδήλωσε χθὲς ὅτι ἡ κυβέρνησις θὰ συνεχίσῃ τὰς προσπαθείας της διὰ τὴν ἐξυπηρέτησιν τοῦ κοινοῦ. Αἱ ἀρμόδιαι ὑπηρεσίαι ἔλαβον ἐντολὰς ὅπως προβοῦν εἰς τὴν ἐφαρμογὴν τῶν μέτρων, τὰ ὁποῖα ἀπεφασίσθησαν κατὰ τὴν σύσκεψιν. Εἰς τὰς ἐργασίας ἔλαβον μέρος οἱ ἐκπρόσωποι τῶν ἐνδιαφερομένων ὀργανώσεων καὶ ἐξέθεσαν τὰς ἀπόψεις των ἐπὶ τῶν θεμάτων τῆς ἡμερησίας διατάξεως. Κατόπιν μακρᾶς συζητήσεως ἀπεφασίσθη ἡ σύστασις ἐπιτροπῆς, ἡ ὁποία θὰ μελετήσῃ τὰ ζητήματα καὶ θὰ ὑποβάλῃ τὰ πορίσματά της ἐντὸς τοῦ μηνός.
Η ΣΥΝΗΘΕΙΣ
ΑΘΗΝΑΙ, 11.— Ὁ ὑπουργὸς ἐδήλωσε χθὲς ὅτι ἡ κυβέρνησις θὰ συνεχίσῃ τὰς προσπαθείας της διὰ τὴν ἐξυπηρέτησιν τοῦ κοινοῦ. Αἱ ἀρμόδιαι ὑπηρεσίαι ἔλαβον ἐντολὰς ὅπως προβοῦν εἰς τὴν ἐφαρμογὴν τῶν μέτρων, τὰ ὁποῖα ἀπεφασίσθησαν κατὰ τὴν σύσκεψιν. Εἰς τὰς ἐργασίας ἔλαβον μέρος οἱ ἐκπρόσωποι τῶν ἐνδιαφερομένων ὀργανώσεων καὶ ἐξέθεσαν τὰς ἀπόψεις των ἐπὶ τῶν θεμάτων τῆς ἡμερησίας διατάξεως. Κατόπιν μακρᾶς συζητήσεως ἀπεφασίσθη ἡ σύστασις ἐπιτροπῆς, ἡ ὁποία θὰ μελετήσῃ τὰ ζητήματα καὶ θὰ ὑποβάλῃ τὰ πορίσματά της ἐντὸς τοῦ μηνός.
ΠΑΡΑΔΟΣΙΣ ΒΕ
ΑΘΗΝΑΙ, 11.— Ὁ ὑπουργὸς ἐδήλωσε χθὲς ὅτι ἡ κυβέρνησις θὰ συνεχίσῃ τὰς προσπαθείας της διὰ τὴν ἐξυπηρέτησιν τοῦ κοινοῦ. Αἱ ἀρμόδιαι ὑπηρεσίαι ἔλαβον ἐντολὰς ὅπως προβοῦν εἰς τὴν ἐφαρμογὴν τῶν μέτρων, τὰ ὁποῖα ἀπεφασίσθησαν κατὰ τὴν σύσκεψιν. Εἰς τὰς ἐργασίας ἔλαβον μέρος οἱ ἐκπρόσωποι τῶν ἐνδιαφερομένων ὀργανώσεων καὶ ἐξέθεσαν τὰς ἀπόψεις των ἐπὶ τῶν θεμάτων τῆς ἡμερησίας διατάξεως. Κατόπιν μακρᾶς συζητήσεως ἀπεφασίσθη ἡ σύστασις ἐπιτροπῆς, ἡ ὁποία θὰ μελετήσῃ τὰ ζητήματα καὶ θὰ ὑποβάλῃ τὰ πορίσματά της ἐντὸς τοῦ μηνός.
ΚΑΙ ΕΙΣ ΚΑΜΠΟΤΖΗΝ
ΑΘΗΝΑΙ, 11.— Ὁ ὑπουργὸς ἐδήλωσε χθὲς ὅτι ἡ κυβέρνησις θὰ συνεχίσῃ τὰς προσπαθείας της διὰ τὴν ἐξυπηρέτησιν τοῦ κοινοῦ. Αἱ ἀρμόδιαι ὑπηρεσίαι ἔλαβον ἐντολὰς ὅπως προβοῦν εἰς τὴν ἐφαρμογὴν τῶν μέτρων, τὰ ὁποῖα ἀπεφασίσθησαν κατὰ τὴν σύσκεψιν. Εἰς τὰς ἐργασίας ἔλαβον μέρος οἱ ἐκπρόσωποι τῶν ἐνδιαφερομένων ὀργανώσεων καὶ ἐξέθεσαν τὰς ἀπόψεις των ἐπὶ τῶν θεμάτων τῆς ἡμερησίας διατάξεως. Κατόπιν μακρᾶς συζητήσεως ἀπεφασίσθη ἡ σύστασις ἐπιτροπῆς, ἡ ὁποία θὰ μελετήσῃ τὰ ζητήματα καὶ θὰ ὑποβάλῃ τὰ πορίσματά της ἐντὸς τοῦ μηνός.
ΕΚΤΑΚΤΟΣ ΣΥΣ
ΑΘΗΝΑΙ, 11.— Ὁ ὑπουργὸς ἐδήλωσε χθὲς ὅτι ἡ κυβέρνησις θὰ συνεχίσῃ τὰς προσπαθείας της διὰ τὴν ἐξυπηρέτησιν τοῦ κοινοῦ. Αἱ ἀρμόδιαι ὑπηρεσίαι ἔλαβον ἐντολὰς ὅπως προβοῦν εἰς τὴν ἐφαρμογὴν τῶν μέτρων, τὰ ὁποῖα ἀπεφασίσθησαν κατὰ τὴν σύσκεψιν. Εἰς τὰς ἐργασίας ἔλαβον μέρος οἱ ἐκπρόσωποι τῶν ἐνδιαφερομένων ὀργανώσεων καὶ ἐξέθεσαν τὰς ἀπόψεις των ἐπὶ τῶν θεμάτων τῆς ἡμερησίας διατάξεως. Κατόπιν μακρᾶς συζητήσεως ἀπεφασίσθη ἡ σύστασις ἐπιτροπῆς, ἡ ὁποία θὰ μελετήσῃ τὰ ζητήματα καὶ θὰ ὑποβάλῃ τὰ πορίσματά της ἐντὸς τοῦ μηνός.
ΑΝΑΧΩΡΗΣΙ ΟΙ
ΑΘΗΝΑΙ, 11.— Ὁ ὑπουργὸς ἐδήλωσε χθὲς ὅτι ἡ κυβέρνησις θὰ συνεχίσῃ τὰς προσπαθείας της διὰ τὴν ἐξυπηρέτησιν τοῦ κοινοῦ. Αἱ ἀρμόδιαι ὑπηρεσίαι ἔλαβον ἐντολὰς ὅπως προβοῦν εἰς τὴν ἐφαρμογὴν τῶν μέτρων, τὰ ὁποῖα ἀπεφασίσθησαν κατὰ τὴν σύσκεψιν. Εἰς τὰς ἐργασίας ἔλαβον μέρος οἱ ἐκπρόσωποι τῶν ἐνδιαφερομένων ὀργανώσεων καὶ ἐξέθεσαν τὰς ἀπόψεις των ἐπὶ τῶν θεμάτων τῆς ἡμερησίας διατάξεως. Κατόπιν μακρᾶς συζητήσεως ἀπεφασίσθη ἡ σύστασις ἐπιτροπῆς, ἡ ὁποία θὰ μελετήσῃ τὰ ζητήματα καὶ θὰ ὑποβάλῃ τὰ πορίσματά της ἐντὸς τοῦ μηνός.
ΒΟΥΛΓΑΡΙΑ ΚΑΙ ΠΟΛΩΝΙΑ ΘΕΩΡΟΥΝ ΤΗ ΩΣ ΤΗΝ ΚΥΡΙΩΤΕΡΑΝ ΥΠΕΥΘΥΝ ΤΗΣ ΔΙΑΣΠΑΣΕΩΣ ΤΟΥ ΑΡΙΣΤΕΡΟΥ
ΑΘΗΝΑΙ, 11.— Ὁ ὑπουργὸς ἐδήλωσε χθὲς ὅτι ἡ κυβέρνησις θὰ συνεχίσῃ τὰς προσπαθείας της διὰ τὴν ἐξυπηρέτησιν τοῦ κοινοῦ. Αἱ ἀρμόδιαι ὑπηρεσίαι ἔλαβον ἐντολὰς ὅπως προβοῦν εἰς τὴν ἐφαρμογὴν τῶν μέτρων, τὰ ὁποῖα ἀπεφασίσθησαν κατὰ τὴν σύσκεψιν. Εἰς τὰς ἐργασίας ἔλαβον μέρος οἱ ἐκπρόσωποι τῶν ἐνδιαφερομένων ὀργανώσεων καὶ ἐξέθεσαν τὰς ἀπόψεις των ἐπὶ τῶν θεμάτων τῆς ἡμερησίας διατάξεως. Κατόπιν μακρᾶς συζητήσεως ἀπεφασίσθη ἡ σύστασις ἐπιτροπῆς, ἡ ὁποία θὰ μελετήσῃ τὰ ζητήματα καὶ θὰ ὑποβάλῃ τὰ πορίσματά της ἐντὸς τοῦ μηνός. ΑΘΗΝΑΙ, 11.— Ὁ ὑπουργὸς ἐδήλωσε χθὲς ὅτι ἡ κυβέρνησις θὰ συνεχίσῃ τὰς προσπαθείας της διὰ τὴν ἐξυπηρέτησιν τοῦ κοινοῦ. Αἱ ἀρμόδιαι ὑπηρεσίαι ἔλαβον ἐντολὰς ὅπως προβοῦν εἰς τὴν ἐφαρμογὴν τῶν μέτρων, τὰ ὁποῖα ἀπεφασίσθησαν κατὰ τὴν σύσκεψιν. Εἰς τὰς ἐργασίας ἔλαβον μέρος οἱ ἐκπρόσωποι τῶν ἐνδιαφερομένων ὀργανώσεων καὶ ἐξέθεσαν τὰς ἀπόψεις των ἐπὶ τῶν θεμάτων τῆς ἡμερησίας διατάξεως. Κατόπιν μακρᾶς συζητήσεως ἀπεφασίσθη ἡ σύστασις ἐπιτροπῆς, ἡ ὁποία θὰ μελετήσῃ τὰ ζητήματα καὶ θὰ ὑποβάλῃ τὰ πορίσματά της ἐντὸς τοῦ μηνός. ΑΘΗΝΑΙ, 11.— Ὁ ὑπουργὸς ἐδήλωσε χθὲς ὅτι ἡ κυβέρνησις θὰ συνεχίσῃ τὰς προσπαθείας της διὰ τὴν ἐξυπηρέτησιν τοῦ κοινοῦ. Αἱ ἀρμόδιαι ὑπηρεσίαι ἔλαβον ἐντολὰς ὅπως προβοῦν εἰς τὴν ἐφαρμογὴν τῶν μέτρων, τὰ ὁποῖα ἀπεφασίσθησαν κατὰ τὴν σύσκεψιν. Εἰς τὰς ἐργασίας ἔλαβον μέρος οἱ ἐκπρόσωποι τῶν ἐνδιαφερομένων ὀργανώσεων καὶ ἐξέθεσαν τὰς ἀπόψεις των ἐπὶ τῶν θεμάτων τῆς ἡμερησίας διατάξεως. Κατόπιν μακρᾶς συζητήσεως ἀπεφασίσθη ἡ σύστασις ἐπιτροπῆς, ἡ ὁποία θὰ μελετήσῃ τὰ ζητήματα καὶ θὰ ὑποβάλῃ τὰ πορίσματά της ἐντὸς τοῦ μηνός. ΑΘΗΝΑΙ, 11.— Ὁ ὑπουργὸς ἐδήλωσε χθὲς ὅτι ἡ κυβέρνησις θὰ συνεχίσῃ τὰς προσπαθείας της διὰ τὴν ἐξυπηρέτησιν τοῦ κοινοῦ. Αἱ ἀρμόδιαι
ΑΘΗΝΑΙ, 11.— Ὁ ὑπουργὸς ἐδήλωσε χθὲς ὅτι ἡ κυβέρνησις θὰ συνεχίσῃ τὰς προσπαθείας της διὰ τὴν ἐξυπηρέτησιν τοῦ κοινοῦ. Αἱ ἀρμόδιαι ὑπηρεσίαι ἔλαβον ἐντολὰς ὅπως προβοῦν εἰς τὴν ἐφαρμογὴν τῶν μέτρων, τὰ ὁποῖα ἀπεφασίσθησαν κατὰ τὴν σύσκεψιν. Εἰς τὰς ἐργασίας ἔλαβον μέρος οἱ ἐκπρόσωποι τῶν ἐνδιαφερομένων ὀργανώσεων καὶ ἐξέθεσαν τὰς ἀπόψεις των ἐπὶ τῶν θεμάτων τῆς ἡμερησίας διατάξεως. Κατόπιν μακρᾶς συζητήσεως ἀπεφασίσθη ἡ σύστασις ἐπιτροπῆς, ἡ ὁποία θὰ μελετήσῃ τὰ ζητήματα καὶ θὰ ὑποβάλῃ τὰ πορίσματά της ἐντὸς τοῦ μηνός.
ΝΑΡΚΑΛΙΕΥΤΙΚΑ
ΑΘΗΝΑΙ, 11.— Ὁ ὑπουργὸς ἐδήλωσε χθὲς ὅτι ἡ κυβέρνησις θὰ συνεχίσῃ τὰς προσπαθείας της διὰ τὴν ἐξυπηρέτησιν τοῦ κοινοῦ. Αἱ ἀρμόδιαι ὑπηρεσίαι ἔλαβον ἐντολὰς ὅπως προβοῦν εἰς τὴν ἐφαρμογὴν τῶν μέτρων, τὰ ὁποῖα ἀπεφασίσθησαν κατὰ τὴν σύσκεψιν. Εἰς τὰς ἐργασίας ἔλαβον μέρος οἱ ἐκπρόσωποι τῶν ἐνδιαφερομένων ὀργανώσεων καὶ ἐξέθεσαν τὰς ἀπόψεις των ἐπὶ τῶν θεμάτων τῆς ἡμερησίας διατάξεως. Κατόπιν μακρᾶς συζητήσεως ἀπεφασίσθη ἡ σύστασις ἐπιτροπῆς, ἡ ὁποία θὰ μελετήσῃ τὰ ζητήματα καὶ θὰ ὑποβάλῃ τὰ πορίσματά της ἐντὸς τοῦ μηνός. ΑΘΗΝΑΙ, 11.— Ὁ ὑπουργὸς ἐδήλωσε χθὲς ὅτι ἡ κυβέρνησις θὰ συνεχίσῃ τὰς προσπαθείας της διὰ τὴν ἐξυπηρέτησιν τοῦ κοινοῦ. Αἱ ἀρμόδιαι ὑπηρεσίαι ἔλαβον ἐντολὰς ὅπως προβοῦν εἰς τὴν ἐφαρμογὴν τῶν μέτρων, τὰ ὁποῖα ἀπεφασίσθησαν κατὰ τὴν σύσκεψιν. Εἰς τὰς ἐργασίας ἔλαβον μέρος οἱ ἐκπρόσωποι τῶν ἐνδιαφερομένων ὀργανώσεων καὶ ἐξέθεσαν τὰς ἀπόψεις των ἐπὶ τῶν θεμάτων τῆς ἡμερησίας διατάξεως. Κατόπιν μακρᾶς συζητήσεως ἀπεφασίσθη ἡ σύστασις ἐπιτροπῆς, ἡ ὁποία θὰ μελετήσῃ τὰ ζητήματα καὶ θὰ ὑποβάλῃ τὰ πορίσματά της ἐντὸς τοῦ μηνός. ΑΘΗΝΑΙ, 11.— Ὁ ὑπουργὸς ἐδήλωσε χθὲς ὅτι ἡ κυβέρνησις θὰ συνεχίσῃ τὰς προσπαθείας της διὰ τὴν ἐξυπηρέτησιν τοῦ κοινοῦ. Αἱ ἀρμόδιαι ὑπηρεσίαι ἔλαβον ἐντολὰς ὅπως προβοῦν εἰς τὴν ἐφαρμογὴν τῶν μέτρων, τὰ ὁποῖα ἀπεφασίσθησαν κατὰ τὴν σύσκεψιν. Εἰς τὰς ἐργασίας ἔλαβον μέρος οἱ ἐκπρόσωποι τῶν ἐνδιαφερομένων ὀργανώσεων καὶ ἐξέθεσαν τὰς ἀπόψεις των ἐπὶ τῶν θεμάτων τῆς ἡμερησίας διατάξεως. Κατόπιν μακρᾶς συζητήσεως ἀπεφασίσθη ἡ σύστασις ἐπιτροπῆς, ἡ ὁποία θὰ μελετήσῃ τὰ ζητήματα καὶ θὰ ὑποβάλῃ τὰ πορίσματά της ἐντὸς τοῦ μηνός. ΑΘΗΝΑΙ, 11.— Ὁ ὑπουργὸς ἐδήλωσε χθὲς ὅτι ἡ κυβέρνησις θὰ συνεχίσῃ τὰς προσπαθείας της διὰ τὴν ἐξυπηρέτησιν τοῦ κοινοῦ. Αἱ ἀρμόδιαι ὑπηρεσίαι ἔλαβον ἐντολὰς ὅπως προβοῦν εἰς τὴν ἐφαρμογὴν τῶν μέτρων, τὰ ὁποῖα ἀπεφασίσθησαν κατὰ τὴν σύσκεψιν. Εἰς τὰς ἐργασίας ἔλαβον μέρος οἱ ἐκπρόσωποι τῶν ἐνδιαφερομένων ὀργανώσεων καὶ ἐξέθεσαν τὰς ἀπόψεις των ἐπὶ τῶν θεμάτων τῆς ἡμερησίας διατάξεως. Κατόπιν μακρᾶς συζητήσεως ἀπεφασίσθη ἡ σύστασις ἐπιτροπῆς, ἡ ὁποία θὰ μελετήσῃ τὰ ζητήματα καὶ θὰ ὑποβάλῃ τὰ πορίσματά της ἐντὸς τοῦ μηνός.
